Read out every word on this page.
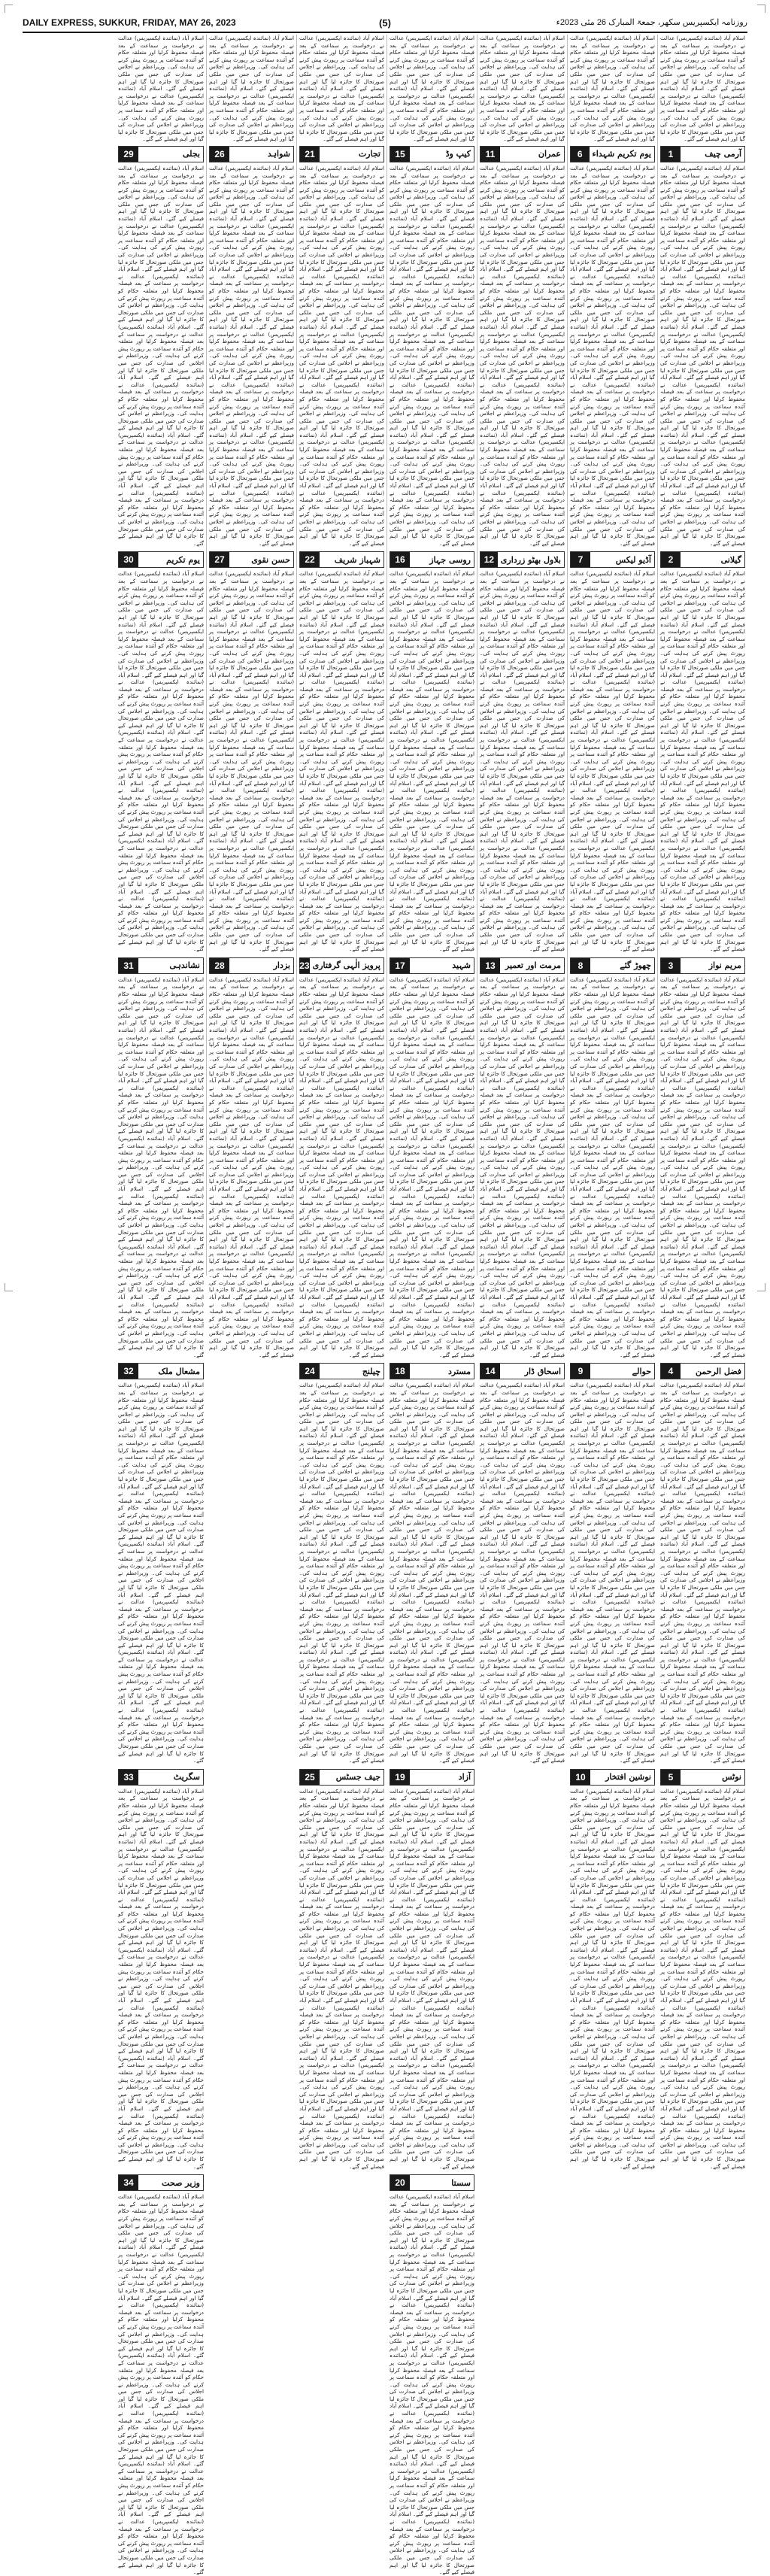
DAILY EXPRESS, SUKKUR, FRIDAY, MAY 26, 2023	(5)	روزنامہ ایکسپریس سکھر، جمعۃ المبارک 26 مئی 2023ء

اسلام آباد (نمائندہ ایکسپریس) عدالت نے درخواست پر سماعت کے بعد فیصلہ محفوظ کرلیا اور متعلقہ حکام کو آئندہ سماعت پر رپورٹ پیش کرنے کی ہدایت کی۔ وزیراعظم نے اجلاس کی صدارت کی جس میں ملکی صورتحال کا جائزہ لیا گیا اور اہم فیصلے کیے گئے۔ اسلام آباد (نمائندہ ایکسپریس) عدالت نے درخواست پر سماعت کے بعد فیصلہ محفوظ کرلیا اور متعلقہ حکام کو آئندہ سماعت پر رپورٹ پیش کرنے کی ہدایت کی۔ وزیراعظم نے اجلاس کی صدارت کی جس میں ملکی صورتحال کا جائزہ لیا گیا اور اہم فیصلے کیے گئے۔

آرمی چیف
1

اسلام آباد (نمائندہ ایکسپریس) عدالت نے درخواست پر سماعت کے بعد فیصلہ محفوظ کرلیا اور متعلقہ حکام کو آئندہ سماعت پر رپورٹ پیش کرنے کی ہدایت کی۔ وزیراعظم نے اجلاس کی صدارت کی جس میں ملکی صورتحال کا جائزہ لیا گیا اور اہم فیصلے کیے گئے۔ اسلام آباد (نمائندہ ایکسپریس) عدالت نے درخواست پر سماعت کے بعد فیصلہ محفوظ کرلیا اور متعلقہ حکام کو آئندہ سماعت پر رپورٹ پیش کرنے کی ہدایت کی۔ وزیراعظم نے اجلاس کی صدارت کی جس میں ملکی صورتحال کا جائزہ لیا گیا اور اہم فیصلے کیے گئے۔ اسلام آباد (نمائندہ ایکسپریس) عدالت نے درخواست پر سماعت کے بعد فیصلہ محفوظ کرلیا اور متعلقہ حکام کو آئندہ سماعت پر رپورٹ پیش کرنے کی ہدایت کی۔ وزیراعظم نے اجلاس کی صدارت کی جس میں ملکی صورتحال کا جائزہ لیا گیا اور اہم فیصلے کیے گئے۔ اسلام آباد (نمائندہ ایکسپریس) عدالت نے درخواست پر سماعت کے بعد فیصلہ محفوظ کرلیا اور متعلقہ حکام کو آئندہ سماعت پر رپورٹ پیش کرنے کی ہدایت کی۔ وزیراعظم نے اجلاس کی صدارت کی جس میں ملکی صورتحال کا جائزہ لیا گیا اور اہم فیصلے کیے گئے۔ اسلام آباد (نمائندہ ایکسپریس) عدالت نے درخواست پر سماعت کے بعد فیصلہ محفوظ کرلیا اور متعلقہ حکام کو آئندہ سماعت پر رپورٹ پیش کرنے کی ہدایت کی۔ وزیراعظم نے اجلاس کی صدارت کی جس میں ملکی صورتحال کا جائزہ لیا گیا اور اہم فیصلے کیے گئے۔ اسلام آباد (نمائندہ ایکسپریس) عدالت نے درخواست پر سماعت کے بعد فیصلہ محفوظ کرلیا اور متعلقہ حکام کو آئندہ سماعت پر رپورٹ پیش کرنے کی ہدایت کی۔ وزیراعظم نے اجلاس کی صدارت کی جس میں ملکی صورتحال کا جائزہ لیا گیا اور اہم فیصلے کیے گئے۔ اسلام آباد (نمائندہ ایکسپریس) عدالت نے درخواست پر سماعت کے بعد فیصلہ محفوظ کرلیا اور متعلقہ حکام کو آئندہ سماعت پر رپورٹ پیش کرنے کی ہدایت کی۔ وزیراعظم نے اجلاس کی صدارت کی جس میں ملکی صورتحال کا جائزہ لیا گیا اور اہم فیصلے کیے گئے۔

گیلانی
2

اسلام آباد (نمائندہ ایکسپریس) عدالت نے درخواست پر سماعت کے بعد فیصلہ محفوظ کرلیا اور متعلقہ حکام کو آئندہ سماعت پر رپورٹ پیش کرنے کی ہدایت کی۔ وزیراعظم نے اجلاس کی صدارت کی جس میں ملکی صورتحال کا جائزہ لیا گیا اور اہم فیصلے کیے گئے۔ اسلام آباد (نمائندہ ایکسپریس) عدالت نے درخواست پر سماعت کے بعد فیصلہ محفوظ کرلیا اور متعلقہ حکام کو آئندہ سماعت پر رپورٹ پیش کرنے کی ہدایت کی۔ وزیراعظم نے اجلاس کی صدارت کی جس میں ملکی صورتحال کا جائزہ لیا گیا اور اہم فیصلے کیے گئے۔ اسلام آباد (نمائندہ ایکسپریس) عدالت نے درخواست پر سماعت کے بعد فیصلہ محفوظ کرلیا اور متعلقہ حکام کو آئندہ سماعت پر رپورٹ پیش کرنے کی ہدایت کی۔ وزیراعظم نے اجلاس کی صدارت کی جس میں ملکی صورتحال کا جائزہ لیا گیا اور اہم فیصلے کیے گئے۔ اسلام آباد (نمائندہ ایکسپریس) عدالت نے درخواست پر سماعت کے بعد فیصلہ محفوظ کرلیا اور متعلقہ حکام کو آئندہ سماعت پر رپورٹ پیش کرنے کی ہدایت کی۔ وزیراعظم نے اجلاس کی صدارت کی جس میں ملکی صورتحال کا جائزہ لیا گیا اور اہم فیصلے کیے گئے۔ اسلام آباد (نمائندہ ایکسپریس) عدالت نے درخواست پر سماعت کے بعد فیصلہ محفوظ کرلیا اور متعلقہ حکام کو آئندہ سماعت پر رپورٹ پیش کرنے کی ہدایت کی۔ وزیراعظم نے اجلاس کی صدارت کی جس میں ملکی صورتحال کا جائزہ لیا گیا اور اہم فیصلے کیے گئے۔ اسلام آباد (نمائندہ ایکسپریس) عدالت نے درخواست پر سماعت کے بعد فیصلہ محفوظ کرلیا اور متعلقہ حکام کو آئندہ سماعت پر رپورٹ پیش کرنے کی ہدایت کی۔ وزیراعظم نے اجلاس کی صدارت کی جس میں ملکی صورتحال کا جائزہ لیا گیا اور اہم فیصلے کیے گئے۔ اسلام آباد (نمائندہ ایکسپریس) عدالت نے درخواست پر سماعت کے بعد فیصلہ محفوظ کرلیا اور متعلقہ حکام کو آئندہ سماعت پر رپورٹ پیش کرنے کی ہدایت کی۔ وزیراعظم نے اجلاس کی صدارت کی جس میں ملکی صورتحال کا جائزہ لیا گیا اور اہم فیصلے کیے گئے۔

مریم نواز
3

اسلام آباد (نمائندہ ایکسپریس) عدالت نے درخواست پر سماعت کے بعد فیصلہ محفوظ کرلیا اور متعلقہ حکام کو آئندہ سماعت پر رپورٹ پیش کرنے کی ہدایت کی۔ وزیراعظم نے اجلاس کی صدارت کی جس میں ملکی صورتحال کا جائزہ لیا گیا اور اہم فیصلے کیے گئے۔ اسلام آباد (نمائندہ ایکسپریس) عدالت نے درخواست پر سماعت کے بعد فیصلہ محفوظ کرلیا اور متعلقہ حکام کو آئندہ سماعت پر رپورٹ پیش کرنے کی ہدایت کی۔ وزیراعظم نے اجلاس کی صدارت کی جس میں ملکی صورتحال کا جائزہ لیا گیا اور اہم فیصلے کیے گئے۔ اسلام آباد (نمائندہ ایکسپریس) عدالت نے درخواست پر سماعت کے بعد فیصلہ محفوظ کرلیا اور متعلقہ حکام کو آئندہ سماعت پر رپورٹ پیش کرنے کی ہدایت کی۔ وزیراعظم نے اجلاس کی صدارت کی جس میں ملکی صورتحال کا جائزہ لیا گیا اور اہم فیصلے کیے گئے۔ اسلام آباد (نمائندہ ایکسپریس) عدالت نے درخواست پر سماعت کے بعد فیصلہ محفوظ کرلیا اور متعلقہ حکام کو آئندہ سماعت پر رپورٹ پیش کرنے کی ہدایت کی۔ وزیراعظم نے اجلاس کی صدارت کی جس میں ملکی صورتحال کا جائزہ لیا گیا اور اہم فیصلے کیے گئے۔ اسلام آباد (نمائندہ ایکسپریس) عدالت نے درخواست پر سماعت کے بعد فیصلہ محفوظ کرلیا اور متعلقہ حکام کو آئندہ سماعت پر رپورٹ پیش کرنے کی ہدایت کی۔ وزیراعظم نے اجلاس کی صدارت کی جس میں ملکی صورتحال کا جائزہ لیا گیا اور اہم فیصلے کیے گئے۔ اسلام آباد (نمائندہ ایکسپریس) عدالت نے درخواست پر سماعت کے بعد فیصلہ محفوظ کرلیا اور متعلقہ حکام کو آئندہ سماعت پر رپورٹ پیش کرنے کی ہدایت کی۔ وزیراعظم نے اجلاس کی صدارت کی جس میں ملکی صورتحال کا جائزہ لیا گیا اور اہم فیصلے کیے گئے۔ اسلام آباد (نمائندہ ایکسپریس) عدالت نے درخواست پر سماعت کے بعد فیصلہ محفوظ کرلیا اور متعلقہ حکام کو آئندہ سماعت پر رپورٹ پیش کرنے کی ہدایت کی۔ وزیراعظم نے اجلاس کی صدارت کی جس میں ملکی صورتحال کا جائزہ لیا گیا اور اہم فیصلے کیے گئے۔

فضل الرحمن
4

اسلام آباد (نمائندہ ایکسپریس) عدالت نے درخواست پر سماعت کے بعد فیصلہ محفوظ کرلیا اور متعلقہ حکام کو آئندہ سماعت پر رپورٹ پیش کرنے کی ہدایت کی۔ وزیراعظم نے اجلاس کی صدارت کی جس میں ملکی صورتحال کا جائزہ لیا گیا اور اہم فیصلے کیے گئے۔ اسلام آباد (نمائندہ ایکسپریس) عدالت نے درخواست پر سماعت کے بعد فیصلہ محفوظ کرلیا اور متعلقہ حکام کو آئندہ سماعت پر رپورٹ پیش کرنے کی ہدایت کی۔ وزیراعظم نے اجلاس کی صدارت کی جس میں ملکی صورتحال کا جائزہ لیا گیا اور اہم فیصلے کیے گئے۔ اسلام آباد (نمائندہ ایکسپریس) عدالت نے درخواست پر سماعت کے بعد فیصلہ محفوظ کرلیا اور متعلقہ حکام کو آئندہ سماعت پر رپورٹ پیش کرنے کی ہدایت کی۔ وزیراعظم نے اجلاس کی صدارت کی جس میں ملکی صورتحال کا جائزہ لیا گیا اور اہم فیصلے کیے گئے۔ اسلام آباد (نمائندہ ایکسپریس) عدالت نے درخواست پر سماعت کے بعد فیصلہ محفوظ کرلیا اور متعلقہ حکام کو آئندہ سماعت پر رپورٹ پیش کرنے کی ہدایت کی۔ وزیراعظم نے اجلاس کی صدارت کی جس میں ملکی صورتحال کا جائزہ لیا گیا اور اہم فیصلے کیے گئے۔ اسلام آباد (نمائندہ ایکسپریس) عدالت نے درخواست پر سماعت کے بعد فیصلہ محفوظ کرلیا اور متعلقہ حکام کو آئندہ سماعت پر رپورٹ پیش کرنے کی ہدایت کی۔ وزیراعظم نے اجلاس کی صدارت کی جس میں ملکی صورتحال کا جائزہ لیا گیا اور اہم فیصلے کیے گئے۔ اسلام آباد (نمائندہ ایکسپریس) عدالت نے درخواست پر سماعت کے بعد فیصلہ محفوظ کرلیا اور متعلقہ حکام کو آئندہ سماعت پر رپورٹ پیش کرنے کی ہدایت کی۔ وزیراعظم نے اجلاس کی صدارت کی جس میں ملکی صورتحال کا جائزہ لیا گیا اور اہم فیصلے کیے گئے۔ اسلام آباد (نمائندہ ایکسپریس) عدالت نے درخواست پر سماعت کے بعد فیصلہ محفوظ کرلیا اور متعلقہ حکام کو آئندہ سماعت پر رپورٹ پیش کرنے کی ہدایت کی۔ وزیراعظم نے اجلاس کی صدارت کی جس میں ملکی صورتحال کا جائزہ لیا گیا اور اہم فیصلے کیے گئے۔

نوٹس
5

اسلام آباد (نمائندہ ایکسپریس) عدالت نے درخواست پر سماعت کے بعد فیصلہ محفوظ کرلیا اور متعلقہ حکام کو آئندہ سماعت پر رپورٹ پیش کرنے کی ہدایت کی۔ وزیراعظم نے اجلاس کی صدارت کی جس میں ملکی صورتحال کا جائزہ لیا گیا اور اہم فیصلے کیے گئے۔ اسلام آباد (نمائندہ ایکسپریس) عدالت نے درخواست پر سماعت کے بعد فیصلہ محفوظ کرلیا اور متعلقہ حکام کو آئندہ سماعت پر رپورٹ پیش کرنے کی ہدایت کی۔ وزیراعظم نے اجلاس کی صدارت کی جس میں ملکی صورتحال کا جائزہ لیا گیا اور اہم فیصلے کیے گئے۔ اسلام آباد (نمائندہ ایکسپریس) عدالت نے درخواست پر سماعت کے بعد فیصلہ محفوظ کرلیا اور متعلقہ حکام کو آئندہ سماعت پر رپورٹ پیش کرنے کی ہدایت کی۔ وزیراعظم نے اجلاس کی صدارت کی جس میں ملکی صورتحال کا جائزہ لیا گیا اور اہم فیصلے کیے گئے۔ اسلام آباد (نمائندہ ایکسپریس) عدالت نے درخواست پر سماعت کے بعد فیصلہ محفوظ کرلیا اور متعلقہ حکام کو آئندہ سماعت پر رپورٹ پیش کرنے کی ہدایت کی۔ وزیراعظم نے اجلاس کی صدارت کی جس میں ملکی صورتحال کا جائزہ لیا گیا اور اہم فیصلے کیے گئے۔ اسلام آباد (نمائندہ ایکسپریس) عدالت نے درخواست پر سماعت کے بعد فیصلہ محفوظ کرلیا اور متعلقہ حکام کو آئندہ سماعت پر رپورٹ پیش کرنے کی ہدایت کی۔ وزیراعظم نے اجلاس کی صدارت کی جس میں ملکی صورتحال کا جائزہ لیا گیا اور اہم فیصلے کیے گئے۔ اسلام آباد (نمائندہ ایکسپریس) عدالت نے درخواست پر سماعت کے بعد فیصلہ محفوظ کرلیا اور متعلقہ حکام کو آئندہ سماعت پر رپورٹ پیش کرنے کی ہدایت کی۔ وزیراعظم نے اجلاس کی صدارت کی جس میں ملکی صورتحال کا جائزہ لیا گیا اور اہم فیصلے کیے گئے۔ اسلام آباد (نمائندہ ایکسپریس) عدالت نے درخواست پر سماعت کے بعد فیصلہ محفوظ کرلیا اور متعلقہ حکام کو آئندہ سماعت پر رپورٹ پیش کرنے کی ہدایت کی۔ وزیراعظم نے اجلاس کی صدارت کی جس میں ملکی صورتحال کا جائزہ لیا گیا اور اہم فیصلے کیے گئے۔

اسلام آباد (نمائندہ ایکسپریس) عدالت نے درخواست پر سماعت کے بعد فیصلہ محفوظ کرلیا اور متعلقہ حکام کو آئندہ سماعت پر رپورٹ پیش کرنے کی ہدایت کی۔ وزیراعظم نے اجلاس کی صدارت کی جس میں ملکی صورتحال کا جائزہ لیا گیا اور اہم فیصلے کیے گئے۔ اسلام آباد (نمائندہ ایکسپریس) عدالت نے درخواست پر سماعت کے بعد فیصلہ محفوظ کرلیا اور متعلقہ حکام کو آئندہ سماعت پر رپورٹ پیش کرنے کی ہدایت کی۔ وزیراعظم نے اجلاس کی صدارت کی جس میں ملکی صورتحال کا جائزہ لیا گیا اور اہم فیصلے کیے گئے۔

یوم تکریم شہداء
6

اسلام آباد (نمائندہ ایکسپریس) عدالت نے درخواست پر سماعت کے بعد فیصلہ محفوظ کرلیا اور متعلقہ حکام کو آئندہ سماعت پر رپورٹ پیش کرنے کی ہدایت کی۔ وزیراعظم نے اجلاس کی صدارت کی جس میں ملکی صورتحال کا جائزہ لیا گیا اور اہم فیصلے کیے گئے۔ اسلام آباد (نمائندہ ایکسپریس) عدالت نے درخواست پر سماعت کے بعد فیصلہ محفوظ کرلیا اور متعلقہ حکام کو آئندہ سماعت پر رپورٹ پیش کرنے کی ہدایت کی۔ وزیراعظم نے اجلاس کی صدارت کی جس میں ملکی صورتحال کا جائزہ لیا گیا اور اہم فیصلے کیے گئے۔ اسلام آباد (نمائندہ ایکسپریس) عدالت نے درخواست پر سماعت کے بعد فیصلہ محفوظ کرلیا اور متعلقہ حکام کو آئندہ سماعت پر رپورٹ پیش کرنے کی ہدایت کی۔ وزیراعظم نے اجلاس کی صدارت کی جس میں ملکی صورتحال کا جائزہ لیا گیا اور اہم فیصلے کیے گئے۔ اسلام آباد (نمائندہ ایکسپریس) عدالت نے درخواست پر سماعت کے بعد فیصلہ محفوظ کرلیا اور متعلقہ حکام کو آئندہ سماعت پر رپورٹ پیش کرنے کی ہدایت کی۔ وزیراعظم نے اجلاس کی صدارت کی جس میں ملکی صورتحال کا جائزہ لیا گیا اور اہم فیصلے کیے گئے۔ اسلام آباد (نمائندہ ایکسپریس) عدالت نے درخواست پر سماعت کے بعد فیصلہ محفوظ کرلیا اور متعلقہ حکام کو آئندہ سماعت پر رپورٹ پیش کرنے کی ہدایت کی۔ وزیراعظم نے اجلاس کی صدارت کی جس میں ملکی صورتحال کا جائزہ لیا گیا اور اہم فیصلے کیے گئے۔ اسلام آباد (نمائندہ ایکسپریس) عدالت نے درخواست پر سماعت کے بعد فیصلہ محفوظ کرلیا اور متعلقہ حکام کو آئندہ سماعت پر رپورٹ پیش کرنے کی ہدایت کی۔ وزیراعظم نے اجلاس کی صدارت کی جس میں ملکی صورتحال کا جائزہ لیا گیا اور اہم فیصلے کیے گئے۔ اسلام آباد (نمائندہ ایکسپریس) عدالت نے درخواست پر سماعت کے بعد فیصلہ محفوظ کرلیا اور متعلقہ حکام کو آئندہ سماعت پر رپورٹ پیش کرنے کی ہدایت کی۔ وزیراعظم نے اجلاس کی صدارت کی جس میں ملکی صورتحال کا جائزہ لیا گیا اور اہم فیصلے کیے گئے۔

آڈیو لیکس
7

اسلام آباد (نمائندہ ایکسپریس) عدالت نے درخواست پر سماعت کے بعد فیصلہ محفوظ کرلیا اور متعلقہ حکام کو آئندہ سماعت پر رپورٹ پیش کرنے کی ہدایت کی۔ وزیراعظم نے اجلاس کی صدارت کی جس میں ملکی صورتحال کا جائزہ لیا گیا اور اہم فیصلے کیے گئے۔ اسلام آباد (نمائندہ ایکسپریس) عدالت نے درخواست پر سماعت کے بعد فیصلہ محفوظ کرلیا اور متعلقہ حکام کو آئندہ سماعت پر رپورٹ پیش کرنے کی ہدایت کی۔ وزیراعظم نے اجلاس کی صدارت کی جس میں ملکی صورتحال کا جائزہ لیا گیا اور اہم فیصلے کیے گئے۔ اسلام آباد (نمائندہ ایکسپریس) عدالت نے درخواست پر سماعت کے بعد فیصلہ محفوظ کرلیا اور متعلقہ حکام کو آئندہ سماعت پر رپورٹ پیش کرنے کی ہدایت کی۔ وزیراعظم نے اجلاس کی صدارت کی جس میں ملکی صورتحال کا جائزہ لیا گیا اور اہم فیصلے کیے گئے۔ اسلام آباد (نمائندہ ایکسپریس) عدالت نے درخواست پر سماعت کے بعد فیصلہ محفوظ کرلیا اور متعلقہ حکام کو آئندہ سماعت پر رپورٹ پیش کرنے کی ہدایت کی۔ وزیراعظم نے اجلاس کی صدارت کی جس میں ملکی صورتحال کا جائزہ لیا گیا اور اہم فیصلے کیے گئے۔ اسلام آباد (نمائندہ ایکسپریس) عدالت نے درخواست پر سماعت کے بعد فیصلہ محفوظ کرلیا اور متعلقہ حکام کو آئندہ سماعت پر رپورٹ پیش کرنے کی ہدایت کی۔ وزیراعظم نے اجلاس کی صدارت کی جس میں ملکی صورتحال کا جائزہ لیا گیا اور اہم فیصلے کیے گئے۔ اسلام آباد (نمائندہ ایکسپریس) عدالت نے درخواست پر سماعت کے بعد فیصلہ محفوظ کرلیا اور متعلقہ حکام کو آئندہ سماعت پر رپورٹ پیش کرنے کی ہدایت کی۔ وزیراعظم نے اجلاس کی صدارت کی جس میں ملکی صورتحال کا جائزہ لیا گیا اور اہم فیصلے کیے گئے۔ اسلام آباد (نمائندہ ایکسپریس) عدالت نے درخواست پر سماعت کے بعد فیصلہ محفوظ کرلیا اور متعلقہ حکام کو آئندہ سماعت پر رپورٹ پیش کرنے کی ہدایت کی۔ وزیراعظم نے اجلاس کی صدارت کی جس میں ملکی صورتحال کا جائزہ لیا گیا اور اہم فیصلے کیے گئے۔

چھوڑ گئے
8

اسلام آباد (نمائندہ ایکسپریس) عدالت نے درخواست پر سماعت کے بعد فیصلہ محفوظ کرلیا اور متعلقہ حکام کو آئندہ سماعت پر رپورٹ پیش کرنے کی ہدایت کی۔ وزیراعظم نے اجلاس کی صدارت کی جس میں ملکی صورتحال کا جائزہ لیا گیا اور اہم فیصلے کیے گئے۔ اسلام آباد (نمائندہ ایکسپریس) عدالت نے درخواست پر سماعت کے بعد فیصلہ محفوظ کرلیا اور متعلقہ حکام کو آئندہ سماعت پر رپورٹ پیش کرنے کی ہدایت کی۔ وزیراعظم نے اجلاس کی صدارت کی جس میں ملکی صورتحال کا جائزہ لیا گیا اور اہم فیصلے کیے گئے۔ اسلام آباد (نمائندہ ایکسپریس) عدالت نے درخواست پر سماعت کے بعد فیصلہ محفوظ کرلیا اور متعلقہ حکام کو آئندہ سماعت پر رپورٹ پیش کرنے کی ہدایت کی۔ وزیراعظم نے اجلاس کی صدارت کی جس میں ملکی صورتحال کا جائزہ لیا گیا اور اہم فیصلے کیے گئے۔ اسلام آباد (نمائندہ ایکسپریس) عدالت نے درخواست پر سماعت کے بعد فیصلہ محفوظ کرلیا اور متعلقہ حکام کو آئندہ سماعت پر رپورٹ پیش کرنے کی ہدایت کی۔ وزیراعظم نے اجلاس کی صدارت کی جس میں ملکی صورتحال کا جائزہ لیا گیا اور اہم فیصلے کیے گئے۔ اسلام آباد (نمائندہ ایکسپریس) عدالت نے درخواست پر سماعت کے بعد فیصلہ محفوظ کرلیا اور متعلقہ حکام کو آئندہ سماعت پر رپورٹ پیش کرنے کی ہدایت کی۔ وزیراعظم نے اجلاس کی صدارت کی جس میں ملکی صورتحال کا جائزہ لیا گیا اور اہم فیصلے کیے گئے۔ اسلام آباد (نمائندہ ایکسپریس) عدالت نے درخواست پر سماعت کے بعد فیصلہ محفوظ کرلیا اور متعلقہ حکام کو آئندہ سماعت پر رپورٹ پیش کرنے کی ہدایت کی۔ وزیراعظم نے اجلاس کی صدارت کی جس میں ملکی صورتحال کا جائزہ لیا گیا اور اہم فیصلے کیے گئے۔ اسلام آباد (نمائندہ ایکسپریس) عدالت نے درخواست پر سماعت کے بعد فیصلہ محفوظ کرلیا اور متعلقہ حکام کو آئندہ سماعت پر رپورٹ پیش کرنے کی ہدایت کی۔ وزیراعظم نے اجلاس کی صدارت کی جس میں ملکی صورتحال کا جائزہ لیا گیا اور اہم فیصلے کیے گئے۔

حوالے
9

اسلام آباد (نمائندہ ایکسپریس) عدالت نے درخواست پر سماعت کے بعد فیصلہ محفوظ کرلیا اور متعلقہ حکام کو آئندہ سماعت پر رپورٹ پیش کرنے کی ہدایت کی۔ وزیراعظم نے اجلاس کی صدارت کی جس میں ملکی صورتحال کا جائزہ لیا گیا اور اہم فیصلے کیے گئے۔ اسلام آباد (نمائندہ ایکسپریس) عدالت نے درخواست پر سماعت کے بعد فیصلہ محفوظ کرلیا اور متعلقہ حکام کو آئندہ سماعت پر رپورٹ پیش کرنے کی ہدایت کی۔ وزیراعظم نے اجلاس کی صدارت کی جس میں ملکی صورتحال کا جائزہ لیا گیا اور اہم فیصلے کیے گئے۔ اسلام آباد (نمائندہ ایکسپریس) عدالت نے درخواست پر سماعت کے بعد فیصلہ محفوظ کرلیا اور متعلقہ حکام کو آئندہ سماعت پر رپورٹ پیش کرنے کی ہدایت کی۔ وزیراعظم نے اجلاس کی صدارت کی جس میں ملکی صورتحال کا جائزہ لیا گیا اور اہم فیصلے کیے گئے۔ اسلام آباد (نمائندہ ایکسپریس) عدالت نے درخواست پر سماعت کے بعد فیصلہ محفوظ کرلیا اور متعلقہ حکام کو آئندہ سماعت پر رپورٹ پیش کرنے کی ہدایت کی۔ وزیراعظم نے اجلاس کی صدارت کی جس میں ملکی صورتحال کا جائزہ لیا گیا اور اہم فیصلے کیے گئے۔ اسلام آباد (نمائندہ ایکسپریس) عدالت نے درخواست پر سماعت کے بعد فیصلہ محفوظ کرلیا اور متعلقہ حکام کو آئندہ سماعت پر رپورٹ پیش کرنے کی ہدایت کی۔ وزیراعظم نے اجلاس کی صدارت کی جس میں ملکی صورتحال کا جائزہ لیا گیا اور اہم فیصلے کیے گئے۔ اسلام آباد (نمائندہ ایکسپریس) عدالت نے درخواست پر سماعت کے بعد فیصلہ محفوظ کرلیا اور متعلقہ حکام کو آئندہ سماعت پر رپورٹ پیش کرنے کی ہدایت کی۔ وزیراعظم نے اجلاس کی صدارت کی جس میں ملکی صورتحال کا جائزہ لیا گیا اور اہم فیصلے کیے گئے۔ اسلام آباد (نمائندہ ایکسپریس) عدالت نے درخواست پر سماعت کے بعد فیصلہ محفوظ کرلیا اور متعلقہ حکام کو آئندہ سماعت پر رپورٹ پیش کرنے کی ہدایت کی۔ وزیراعظم نے اجلاس کی صدارت کی جس میں ملکی صورتحال کا جائزہ لیا گیا اور اہم فیصلے کیے گئے۔

نوشین افتخار
10

اسلام آباد (نمائندہ ایکسپریس) عدالت نے درخواست پر سماعت کے بعد فیصلہ محفوظ کرلیا اور متعلقہ حکام کو آئندہ سماعت پر رپورٹ پیش کرنے کی ہدایت کی۔ وزیراعظم نے اجلاس کی صدارت کی جس میں ملکی صورتحال کا جائزہ لیا گیا اور اہم فیصلے کیے گئے۔ اسلام آباد (نمائندہ ایکسپریس) عدالت نے درخواست پر سماعت کے بعد فیصلہ محفوظ کرلیا اور متعلقہ حکام کو آئندہ سماعت پر رپورٹ پیش کرنے کی ہدایت کی۔ وزیراعظم نے اجلاس کی صدارت کی جس میں ملکی صورتحال کا جائزہ لیا گیا اور اہم فیصلے کیے گئے۔ اسلام آباد (نمائندہ ایکسپریس) عدالت نے درخواست پر سماعت کے بعد فیصلہ محفوظ کرلیا اور متعلقہ حکام کو آئندہ سماعت پر رپورٹ پیش کرنے کی ہدایت کی۔ وزیراعظم نے اجلاس کی صدارت کی جس میں ملکی صورتحال کا جائزہ لیا گیا اور اہم فیصلے کیے گئے۔ اسلام آباد (نمائندہ ایکسپریس) عدالت نے درخواست پر سماعت کے بعد فیصلہ محفوظ کرلیا اور متعلقہ حکام کو آئندہ سماعت پر رپورٹ پیش کرنے کی ہدایت کی۔ وزیراعظم نے اجلاس کی صدارت کی جس میں ملکی صورتحال کا جائزہ لیا گیا اور اہم فیصلے کیے گئے۔ اسلام آباد (نمائندہ ایکسپریس) عدالت نے درخواست پر سماعت کے بعد فیصلہ محفوظ کرلیا اور متعلقہ حکام کو آئندہ سماعت پر رپورٹ پیش کرنے کی ہدایت کی۔ وزیراعظم نے اجلاس کی صدارت کی جس میں ملکی صورتحال کا جائزہ لیا گیا اور اہم فیصلے کیے گئے۔ اسلام آباد (نمائندہ ایکسپریس) عدالت نے درخواست پر سماعت کے بعد فیصلہ محفوظ کرلیا اور متعلقہ حکام کو آئندہ سماعت پر رپورٹ پیش کرنے کی ہدایت کی۔ وزیراعظم نے اجلاس کی صدارت کی جس میں ملکی صورتحال کا جائزہ لیا گیا اور اہم فیصلے کیے گئے۔ اسلام آباد (نمائندہ ایکسپریس) عدالت نے درخواست پر سماعت کے بعد فیصلہ محفوظ کرلیا اور متعلقہ حکام کو آئندہ سماعت پر رپورٹ پیش کرنے کی ہدایت کی۔ وزیراعظم نے اجلاس کی صدارت کی جس میں ملکی صورتحال کا جائزہ لیا گیا اور اہم فیصلے کیے گئے۔

اسلام آباد (نمائندہ ایکسپریس) عدالت نے درخواست پر سماعت کے بعد فیصلہ محفوظ کرلیا اور متعلقہ حکام کو آئندہ سماعت پر رپورٹ پیش کرنے کی ہدایت کی۔ وزیراعظم نے اجلاس کی صدارت کی جس میں ملکی صورتحال کا جائزہ لیا گیا اور اہم فیصلے کیے گئے۔ اسلام آباد (نمائندہ ایکسپریس) عدالت نے درخواست پر سماعت کے بعد فیصلہ محفوظ کرلیا اور متعلقہ حکام کو آئندہ سماعت پر رپورٹ پیش کرنے کی ہدایت کی۔ وزیراعظم نے اجلاس کی صدارت کی جس میں ملکی صورتحال کا جائزہ لیا گیا اور اہم فیصلے کیے گئے۔

عمران
11

اسلام آباد (نمائندہ ایکسپریس) عدالت نے درخواست پر سماعت کے بعد فیصلہ محفوظ کرلیا اور متعلقہ حکام کو آئندہ سماعت پر رپورٹ پیش کرنے کی ہدایت کی۔ وزیراعظم نے اجلاس کی صدارت کی جس میں ملکی صورتحال کا جائزہ لیا گیا اور اہم فیصلے کیے گئے۔ اسلام آباد (نمائندہ ایکسپریس) عدالت نے درخواست پر سماعت کے بعد فیصلہ محفوظ کرلیا اور متعلقہ حکام کو آئندہ سماعت پر رپورٹ پیش کرنے کی ہدایت کی۔ وزیراعظم نے اجلاس کی صدارت کی جس میں ملکی صورتحال کا جائزہ لیا گیا اور اہم فیصلے کیے گئے۔ اسلام آباد (نمائندہ ایکسپریس) عدالت نے درخواست پر سماعت کے بعد فیصلہ محفوظ کرلیا اور متعلقہ حکام کو آئندہ سماعت پر رپورٹ پیش کرنے کی ہدایت کی۔ وزیراعظم نے اجلاس کی صدارت کی جس میں ملکی صورتحال کا جائزہ لیا گیا اور اہم فیصلے کیے گئے۔ اسلام آباد (نمائندہ ایکسپریس) عدالت نے درخواست پر سماعت کے بعد فیصلہ محفوظ کرلیا اور متعلقہ حکام کو آئندہ سماعت پر رپورٹ پیش کرنے کی ہدایت کی۔ وزیراعظم نے اجلاس کی صدارت کی جس میں ملکی صورتحال کا جائزہ لیا گیا اور اہم فیصلے کیے گئے۔ اسلام آباد (نمائندہ ایکسپریس) عدالت نے درخواست پر سماعت کے بعد فیصلہ محفوظ کرلیا اور متعلقہ حکام کو آئندہ سماعت پر رپورٹ پیش کرنے کی ہدایت کی۔ وزیراعظم نے اجلاس کی صدارت کی جس میں ملکی صورتحال کا جائزہ لیا گیا اور اہم فیصلے کیے گئے۔ اسلام آباد (نمائندہ ایکسپریس) عدالت نے درخواست پر سماعت کے بعد فیصلہ محفوظ کرلیا اور متعلقہ حکام کو آئندہ سماعت پر رپورٹ پیش کرنے کی ہدایت کی۔ وزیراعظم نے اجلاس کی صدارت کی جس میں ملکی صورتحال کا جائزہ لیا گیا اور اہم فیصلے کیے گئے۔ اسلام آباد (نمائندہ ایکسپریس) عدالت نے درخواست پر سماعت کے بعد فیصلہ محفوظ کرلیا اور متعلقہ حکام کو آئندہ سماعت پر رپورٹ پیش کرنے کی ہدایت کی۔ وزیراعظم نے اجلاس کی صدارت کی جس میں ملکی صورتحال کا جائزہ لیا گیا اور اہم فیصلے کیے گئے۔

بلاول بھٹو زرداری
12

اسلام آباد (نمائندہ ایکسپریس) عدالت نے درخواست پر سماعت کے بعد فیصلہ محفوظ کرلیا اور متعلقہ حکام کو آئندہ سماعت پر رپورٹ پیش کرنے کی ہدایت کی۔ وزیراعظم نے اجلاس کی صدارت کی جس میں ملکی صورتحال کا جائزہ لیا گیا اور اہم فیصلے کیے گئے۔ اسلام آباد (نمائندہ ایکسپریس) عدالت نے درخواست پر سماعت کے بعد فیصلہ محفوظ کرلیا اور متعلقہ حکام کو آئندہ سماعت پر رپورٹ پیش کرنے کی ہدایت کی۔ وزیراعظم نے اجلاس کی صدارت کی جس میں ملکی صورتحال کا جائزہ لیا گیا اور اہم فیصلے کیے گئے۔ اسلام آباد (نمائندہ ایکسپریس) عدالت نے درخواست پر سماعت کے بعد فیصلہ محفوظ کرلیا اور متعلقہ حکام کو آئندہ سماعت پر رپورٹ پیش کرنے کی ہدایت کی۔ وزیراعظم نے اجلاس کی صدارت کی جس میں ملکی صورتحال کا جائزہ لیا گیا اور اہم فیصلے کیے گئے۔ اسلام آباد (نمائندہ ایکسپریس) عدالت نے درخواست پر سماعت کے بعد فیصلہ محفوظ کرلیا اور متعلقہ حکام کو آئندہ سماعت پر رپورٹ پیش کرنے کی ہدایت کی۔ وزیراعظم نے اجلاس کی صدارت کی جس میں ملکی صورتحال کا جائزہ لیا گیا اور اہم فیصلے کیے گئے۔ اسلام آباد (نمائندہ ایکسپریس) عدالت نے درخواست پر سماعت کے بعد فیصلہ محفوظ کرلیا اور متعلقہ حکام کو آئندہ سماعت پر رپورٹ پیش کرنے کی ہدایت کی۔ وزیراعظم نے اجلاس کی صدارت کی جس میں ملکی صورتحال کا جائزہ لیا گیا اور اہم فیصلے کیے گئے۔ اسلام آباد (نمائندہ ایکسپریس) عدالت نے درخواست پر سماعت کے بعد فیصلہ محفوظ کرلیا اور متعلقہ حکام کو آئندہ سماعت پر رپورٹ پیش کرنے کی ہدایت کی۔ وزیراعظم نے اجلاس کی صدارت کی جس میں ملکی صورتحال کا جائزہ لیا گیا اور اہم فیصلے کیے گئے۔ اسلام آباد (نمائندہ ایکسپریس) عدالت نے درخواست پر سماعت کے بعد فیصلہ محفوظ کرلیا اور متعلقہ حکام کو آئندہ سماعت پر رپورٹ پیش کرنے کی ہدایت کی۔ وزیراعظم نے اجلاس کی صدارت کی جس میں ملکی صورتحال کا جائزہ لیا گیا اور اہم فیصلے کیے گئے۔

مرمت اور تعمیر
13

اسلام آباد (نمائندہ ایکسپریس) عدالت نے درخواست پر سماعت کے بعد فیصلہ محفوظ کرلیا اور متعلقہ حکام کو آئندہ سماعت پر رپورٹ پیش کرنے کی ہدایت کی۔ وزیراعظم نے اجلاس کی صدارت کی جس میں ملکی صورتحال کا جائزہ لیا گیا اور اہم فیصلے کیے گئے۔ اسلام آباد (نمائندہ ایکسپریس) عدالت نے درخواست پر سماعت کے بعد فیصلہ محفوظ کرلیا اور متعلقہ حکام کو آئندہ سماعت پر رپورٹ پیش کرنے کی ہدایت کی۔ وزیراعظم نے اجلاس کی صدارت کی جس میں ملکی صورتحال کا جائزہ لیا گیا اور اہم فیصلے کیے گئے۔ اسلام آباد (نمائندہ ایکسپریس) عدالت نے درخواست پر سماعت کے بعد فیصلہ محفوظ کرلیا اور متعلقہ حکام کو آئندہ سماعت پر رپورٹ پیش کرنے کی ہدایت کی۔ وزیراعظم نے اجلاس کی صدارت کی جس میں ملکی صورتحال کا جائزہ لیا گیا اور اہم فیصلے کیے گئے۔ اسلام آباد (نمائندہ ایکسپریس) عدالت نے درخواست پر سماعت کے بعد فیصلہ محفوظ کرلیا اور متعلقہ حکام کو آئندہ سماعت پر رپورٹ پیش کرنے کی ہدایت کی۔ وزیراعظم نے اجلاس کی صدارت کی جس میں ملکی صورتحال کا جائزہ لیا گیا اور اہم فیصلے کیے گئے۔ اسلام آباد (نمائندہ ایکسپریس) عدالت نے درخواست پر سماعت کے بعد فیصلہ محفوظ کرلیا اور متعلقہ حکام کو آئندہ سماعت پر رپورٹ پیش کرنے کی ہدایت کی۔ وزیراعظم نے اجلاس کی صدارت کی جس میں ملکی صورتحال کا جائزہ لیا گیا اور اہم فیصلے کیے گئے۔ اسلام آباد (نمائندہ ایکسپریس) عدالت نے درخواست پر سماعت کے بعد فیصلہ محفوظ کرلیا اور متعلقہ حکام کو آئندہ سماعت پر رپورٹ پیش کرنے کی ہدایت کی۔ وزیراعظم نے اجلاس کی صدارت کی جس میں ملکی صورتحال کا جائزہ لیا گیا اور اہم فیصلے کیے گئے۔ اسلام آباد (نمائندہ ایکسپریس) عدالت نے درخواست پر سماعت کے بعد فیصلہ محفوظ کرلیا اور متعلقہ حکام کو آئندہ سماعت پر رپورٹ پیش کرنے کی ہدایت کی۔ وزیراعظم نے اجلاس کی صدارت کی جس میں ملکی صورتحال کا جائزہ لیا گیا اور اہم فیصلے کیے گئے۔

اسحاق ڈار
14

اسلام آباد (نمائندہ ایکسپریس) عدالت نے درخواست پر سماعت کے بعد فیصلہ محفوظ کرلیا اور متعلقہ حکام کو آئندہ سماعت پر رپورٹ پیش کرنے کی ہدایت کی۔ وزیراعظم نے اجلاس کی صدارت کی جس میں ملکی صورتحال کا جائزہ لیا گیا اور اہم فیصلے کیے گئے۔ اسلام آباد (نمائندہ ایکسپریس) عدالت نے درخواست پر سماعت کے بعد فیصلہ محفوظ کرلیا اور متعلقہ حکام کو آئندہ سماعت پر رپورٹ پیش کرنے کی ہدایت کی۔ وزیراعظم نے اجلاس کی صدارت کی جس میں ملکی صورتحال کا جائزہ لیا گیا اور اہم فیصلے کیے گئے۔ اسلام آباد (نمائندہ ایکسپریس) عدالت نے درخواست پر سماعت کے بعد فیصلہ محفوظ کرلیا اور متعلقہ حکام کو آئندہ سماعت پر رپورٹ پیش کرنے کی ہدایت کی۔ وزیراعظم نے اجلاس کی صدارت کی جس میں ملکی صورتحال کا جائزہ لیا گیا اور اہم فیصلے کیے گئے۔ اسلام آباد (نمائندہ ایکسپریس) عدالت نے درخواست پر سماعت کے بعد فیصلہ محفوظ کرلیا اور متعلقہ حکام کو آئندہ سماعت پر رپورٹ پیش کرنے کی ہدایت کی۔ وزیراعظم نے اجلاس کی صدارت کی جس میں ملکی صورتحال کا جائزہ لیا گیا اور اہم فیصلے کیے گئے۔ اسلام آباد (نمائندہ ایکسپریس) عدالت نے درخواست پر سماعت کے بعد فیصلہ محفوظ کرلیا اور متعلقہ حکام کو آئندہ سماعت پر رپورٹ پیش کرنے کی ہدایت کی۔ وزیراعظم نے اجلاس کی صدارت کی جس میں ملکی صورتحال کا جائزہ لیا گیا اور اہم فیصلے کیے گئے۔ اسلام آباد (نمائندہ ایکسپریس) عدالت نے درخواست پر سماعت کے بعد فیصلہ محفوظ کرلیا اور متعلقہ حکام کو آئندہ سماعت پر رپورٹ پیش کرنے کی ہدایت کی۔ وزیراعظم نے اجلاس کی صدارت کی جس میں ملکی صورتحال کا جائزہ لیا گیا اور اہم فیصلے کیے گئے۔ اسلام آباد (نمائندہ ایکسپریس) عدالت نے درخواست پر سماعت کے بعد فیصلہ محفوظ کرلیا اور متعلقہ حکام کو آئندہ سماعت پر رپورٹ پیش کرنے کی ہدایت کی۔ وزیراعظم نے اجلاس کی صدارت کی جس میں ملکی صورتحال کا جائزہ لیا گیا اور اہم فیصلے کیے گئے۔

اسلام آباد (نمائندہ ایکسپریس) عدالت نے درخواست پر سماعت کے بعد فیصلہ محفوظ کرلیا اور متعلقہ حکام کو آئندہ سماعت پر رپورٹ پیش کرنے کی ہدایت کی۔ وزیراعظم نے اجلاس کی صدارت کی جس میں ملکی صورتحال کا جائزہ لیا گیا اور اہم فیصلے کیے گئے۔ اسلام آباد (نمائندہ ایکسپریس) عدالت نے درخواست پر سماعت کے بعد فیصلہ محفوظ کرلیا اور متعلقہ حکام کو آئندہ سماعت پر رپورٹ پیش کرنے کی ہدایت کی۔ وزیراعظم نے اجلاس کی صدارت کی جس میں ملکی صورتحال کا جائزہ لیا گیا اور اہم فیصلے کیے گئے۔

کیپ وڈ
15

اسلام آباد (نمائندہ ایکسپریس) عدالت نے درخواست پر سماعت کے بعد فیصلہ محفوظ کرلیا اور متعلقہ حکام کو آئندہ سماعت پر رپورٹ پیش کرنے کی ہدایت کی۔ وزیراعظم نے اجلاس کی صدارت کی جس میں ملکی صورتحال کا جائزہ لیا گیا اور اہم فیصلے کیے گئے۔ اسلام آباد (نمائندہ ایکسپریس) عدالت نے درخواست پر سماعت کے بعد فیصلہ محفوظ کرلیا اور متعلقہ حکام کو آئندہ سماعت پر رپورٹ پیش کرنے کی ہدایت کی۔ وزیراعظم نے اجلاس کی صدارت کی جس میں ملکی صورتحال کا جائزہ لیا گیا اور اہم فیصلے کیے گئے۔ اسلام آباد (نمائندہ ایکسپریس) عدالت نے درخواست پر سماعت کے بعد فیصلہ محفوظ کرلیا اور متعلقہ حکام کو آئندہ سماعت پر رپورٹ پیش کرنے کی ہدایت کی۔ وزیراعظم نے اجلاس کی صدارت کی جس میں ملکی صورتحال کا جائزہ لیا گیا اور اہم فیصلے کیے گئے۔ اسلام آباد (نمائندہ ایکسپریس) عدالت نے درخواست پر سماعت کے بعد فیصلہ محفوظ کرلیا اور متعلقہ حکام کو آئندہ سماعت پر رپورٹ پیش کرنے کی ہدایت کی۔ وزیراعظم نے اجلاس کی صدارت کی جس میں ملکی صورتحال کا جائزہ لیا گیا اور اہم فیصلے کیے گئے۔ اسلام آباد (نمائندہ ایکسپریس) عدالت نے درخواست پر سماعت کے بعد فیصلہ محفوظ کرلیا اور متعلقہ حکام کو آئندہ سماعت پر رپورٹ پیش کرنے کی ہدایت کی۔ وزیراعظم نے اجلاس کی صدارت کی جس میں ملکی صورتحال کا جائزہ لیا گیا اور اہم فیصلے کیے گئے۔ اسلام آباد (نمائندہ ایکسپریس) عدالت نے درخواست پر سماعت کے بعد فیصلہ محفوظ کرلیا اور متعلقہ حکام کو آئندہ سماعت پر رپورٹ پیش کرنے کی ہدایت کی۔ وزیراعظم نے اجلاس کی صدارت کی جس میں ملکی صورتحال کا جائزہ لیا گیا اور اہم فیصلے کیے گئے۔ اسلام آباد (نمائندہ ایکسپریس) عدالت نے درخواست پر سماعت کے بعد فیصلہ محفوظ کرلیا اور متعلقہ حکام کو آئندہ سماعت پر رپورٹ پیش کرنے کی ہدایت کی۔ وزیراعظم نے اجلاس کی صدارت کی جس میں ملکی صورتحال کا جائزہ لیا گیا اور اہم فیصلے کیے گئے۔

روسی جہاز
16

اسلام آباد (نمائندہ ایکسپریس) عدالت نے درخواست پر سماعت کے بعد فیصلہ محفوظ کرلیا اور متعلقہ حکام کو آئندہ سماعت پر رپورٹ پیش کرنے کی ہدایت کی۔ وزیراعظم نے اجلاس کی صدارت کی جس میں ملکی صورتحال کا جائزہ لیا گیا اور اہم فیصلے کیے گئے۔ اسلام آباد (نمائندہ ایکسپریس) عدالت نے درخواست پر سماعت کے بعد فیصلہ محفوظ کرلیا اور متعلقہ حکام کو آئندہ سماعت پر رپورٹ پیش کرنے کی ہدایت کی۔ وزیراعظم نے اجلاس کی صدارت کی جس میں ملکی صورتحال کا جائزہ لیا گیا اور اہم فیصلے کیے گئے۔ اسلام آباد (نمائندہ ایکسپریس) عدالت نے درخواست پر سماعت کے بعد فیصلہ محفوظ کرلیا اور متعلقہ حکام کو آئندہ سماعت پر رپورٹ پیش کرنے کی ہدایت کی۔ وزیراعظم نے اجلاس کی صدارت کی جس میں ملکی صورتحال کا جائزہ لیا گیا اور اہم فیصلے کیے گئے۔ اسلام آباد (نمائندہ ایکسپریس) عدالت نے درخواست پر سماعت کے بعد فیصلہ محفوظ کرلیا اور متعلقہ حکام کو آئندہ سماعت پر رپورٹ پیش کرنے کی ہدایت کی۔ وزیراعظم نے اجلاس کی صدارت کی جس میں ملکی صورتحال کا جائزہ لیا گیا اور اہم فیصلے کیے گئے۔ اسلام آباد (نمائندہ ایکسپریس) عدالت نے درخواست پر سماعت کے بعد فیصلہ محفوظ کرلیا اور متعلقہ حکام کو آئندہ سماعت پر رپورٹ پیش کرنے کی ہدایت کی۔ وزیراعظم نے اجلاس کی صدارت کی جس میں ملکی صورتحال کا جائزہ لیا گیا اور اہم فیصلے کیے گئے۔ اسلام آباد (نمائندہ ایکسپریس) عدالت نے درخواست پر سماعت کے بعد فیصلہ محفوظ کرلیا اور متعلقہ حکام کو آئندہ سماعت پر رپورٹ پیش کرنے کی ہدایت کی۔ وزیراعظم نے اجلاس کی صدارت کی جس میں ملکی صورتحال کا جائزہ لیا گیا اور اہم فیصلے کیے گئے۔ اسلام آباد (نمائندہ ایکسپریس) عدالت نے درخواست پر سماعت کے بعد فیصلہ محفوظ کرلیا اور متعلقہ حکام کو آئندہ سماعت پر رپورٹ پیش کرنے کی ہدایت کی۔ وزیراعظم نے اجلاس کی صدارت کی جس میں ملکی صورتحال کا جائزہ لیا گیا اور اہم فیصلے کیے گئے۔

شہید
17

اسلام آباد (نمائندہ ایکسپریس) عدالت نے درخواست پر سماعت کے بعد فیصلہ محفوظ کرلیا اور متعلقہ حکام کو آئندہ سماعت پر رپورٹ پیش کرنے کی ہدایت کی۔ وزیراعظم نے اجلاس کی صدارت کی جس میں ملکی صورتحال کا جائزہ لیا گیا اور اہم فیصلے کیے گئے۔ اسلام آباد (نمائندہ ایکسپریس) عدالت نے درخواست پر سماعت کے بعد فیصلہ محفوظ کرلیا اور متعلقہ حکام کو آئندہ سماعت پر رپورٹ پیش کرنے کی ہدایت کی۔ وزیراعظم نے اجلاس کی صدارت کی جس میں ملکی صورتحال کا جائزہ لیا گیا اور اہم فیصلے کیے گئے۔ اسلام آباد (نمائندہ ایکسپریس) عدالت نے درخواست پر سماعت کے بعد فیصلہ محفوظ کرلیا اور متعلقہ حکام کو آئندہ سماعت پر رپورٹ پیش کرنے کی ہدایت کی۔ وزیراعظم نے اجلاس کی صدارت کی جس میں ملکی صورتحال کا جائزہ لیا گیا اور اہم فیصلے کیے گئے۔ اسلام آباد (نمائندہ ایکسپریس) عدالت نے درخواست پر سماعت کے بعد فیصلہ محفوظ کرلیا اور متعلقہ حکام کو آئندہ سماعت پر رپورٹ پیش کرنے کی ہدایت کی۔ وزیراعظم نے اجلاس کی صدارت کی جس میں ملکی صورتحال کا جائزہ لیا گیا اور اہم فیصلے کیے گئے۔ اسلام آباد (نمائندہ ایکسپریس) عدالت نے درخواست پر سماعت کے بعد فیصلہ محفوظ کرلیا اور متعلقہ حکام کو آئندہ سماعت پر رپورٹ پیش کرنے کی ہدایت کی۔ وزیراعظم نے اجلاس کی صدارت کی جس میں ملکی صورتحال کا جائزہ لیا گیا اور اہم فیصلے کیے گئے۔ اسلام آباد (نمائندہ ایکسپریس) عدالت نے درخواست پر سماعت کے بعد فیصلہ محفوظ کرلیا اور متعلقہ حکام کو آئندہ سماعت پر رپورٹ پیش کرنے کی ہدایت کی۔ وزیراعظم نے اجلاس کی صدارت کی جس میں ملکی صورتحال کا جائزہ لیا گیا اور اہم فیصلے کیے گئے۔ اسلام آباد (نمائندہ ایکسپریس) عدالت نے درخواست پر سماعت کے بعد فیصلہ محفوظ کرلیا اور متعلقہ حکام کو آئندہ سماعت پر رپورٹ پیش کرنے کی ہدایت کی۔ وزیراعظم نے اجلاس کی صدارت کی جس میں ملکی صورتحال کا جائزہ لیا گیا اور اہم فیصلے کیے گئے۔

مسترد
18

اسلام آباد (نمائندہ ایکسپریس) عدالت نے درخواست پر سماعت کے بعد فیصلہ محفوظ کرلیا اور متعلقہ حکام کو آئندہ سماعت پر رپورٹ پیش کرنے کی ہدایت کی۔ وزیراعظم نے اجلاس کی صدارت کی جس میں ملکی صورتحال کا جائزہ لیا گیا اور اہم فیصلے کیے گئے۔ اسلام آباد (نمائندہ ایکسپریس) عدالت نے درخواست پر سماعت کے بعد فیصلہ محفوظ کرلیا اور متعلقہ حکام کو آئندہ سماعت پر رپورٹ پیش کرنے کی ہدایت کی۔ وزیراعظم نے اجلاس کی صدارت کی جس میں ملکی صورتحال کا جائزہ لیا گیا اور اہم فیصلے کیے گئے۔ اسلام آباد (نمائندہ ایکسپریس) عدالت نے درخواست پر سماعت کے بعد فیصلہ محفوظ کرلیا اور متعلقہ حکام کو آئندہ سماعت پر رپورٹ پیش کرنے کی ہدایت کی۔ وزیراعظم نے اجلاس کی صدارت کی جس میں ملکی صورتحال کا جائزہ لیا گیا اور اہم فیصلے کیے گئے۔ اسلام آباد (نمائندہ ایکسپریس) عدالت نے درخواست پر سماعت کے بعد فیصلہ محفوظ کرلیا اور متعلقہ حکام کو آئندہ سماعت پر رپورٹ پیش کرنے کی ہدایت کی۔ وزیراعظم نے اجلاس کی صدارت کی جس میں ملکی صورتحال کا جائزہ لیا گیا اور اہم فیصلے کیے گئے۔ اسلام آباد (نمائندہ ایکسپریس) عدالت نے درخواست پر سماعت کے بعد فیصلہ محفوظ کرلیا اور متعلقہ حکام کو آئندہ سماعت پر رپورٹ پیش کرنے کی ہدایت کی۔ وزیراعظم نے اجلاس کی صدارت کی جس میں ملکی صورتحال کا جائزہ لیا گیا اور اہم فیصلے کیے گئے۔ اسلام آباد (نمائندہ ایکسپریس) عدالت نے درخواست پر سماعت کے بعد فیصلہ محفوظ کرلیا اور متعلقہ حکام کو آئندہ سماعت پر رپورٹ پیش کرنے کی ہدایت کی۔ وزیراعظم نے اجلاس کی صدارت کی جس میں ملکی صورتحال کا جائزہ لیا گیا اور اہم فیصلے کیے گئے۔ اسلام آباد (نمائندہ ایکسپریس) عدالت نے درخواست پر سماعت کے بعد فیصلہ محفوظ کرلیا اور متعلقہ حکام کو آئندہ سماعت پر رپورٹ پیش کرنے کی ہدایت کی۔ وزیراعظم نے اجلاس کی صدارت کی جس میں ملکی صورتحال کا جائزہ لیا گیا اور اہم فیصلے کیے گئے۔

آزاد
19

اسلام آباد (نمائندہ ایکسپریس) عدالت نے درخواست پر سماعت کے بعد فیصلہ محفوظ کرلیا اور متعلقہ حکام کو آئندہ سماعت پر رپورٹ پیش کرنے کی ہدایت کی۔ وزیراعظم نے اجلاس کی صدارت کی جس میں ملکی صورتحال کا جائزہ لیا گیا اور اہم فیصلے کیے گئے۔ اسلام آباد (نمائندہ ایکسپریس) عدالت نے درخواست پر سماعت کے بعد فیصلہ محفوظ کرلیا اور متعلقہ حکام کو آئندہ سماعت پر رپورٹ پیش کرنے کی ہدایت کی۔ وزیراعظم نے اجلاس کی صدارت کی جس میں ملکی صورتحال کا جائزہ لیا گیا اور اہم فیصلے کیے گئے۔ اسلام آباد (نمائندہ ایکسپریس) عدالت نے درخواست پر سماعت کے بعد فیصلہ محفوظ کرلیا اور متعلقہ حکام کو آئندہ سماعت پر رپورٹ پیش کرنے کی ہدایت کی۔ وزیراعظم نے اجلاس کی صدارت کی جس میں ملکی صورتحال کا جائزہ لیا گیا اور اہم فیصلے کیے گئے۔ اسلام آباد (نمائندہ ایکسپریس) عدالت نے درخواست پر سماعت کے بعد فیصلہ محفوظ کرلیا اور متعلقہ حکام کو آئندہ سماعت پر رپورٹ پیش کرنے کی ہدایت کی۔ وزیراعظم نے اجلاس کی صدارت کی جس میں ملکی صورتحال کا جائزہ لیا گیا اور اہم فیصلے کیے گئے۔ اسلام آباد (نمائندہ ایکسپریس) عدالت نے درخواست پر سماعت کے بعد فیصلہ محفوظ کرلیا اور متعلقہ حکام کو آئندہ سماعت پر رپورٹ پیش کرنے کی ہدایت کی۔ وزیراعظم نے اجلاس کی صدارت کی جس میں ملکی صورتحال کا جائزہ لیا گیا اور اہم فیصلے کیے گئے۔ اسلام آباد (نمائندہ ایکسپریس) عدالت نے درخواست پر سماعت کے بعد فیصلہ محفوظ کرلیا اور متعلقہ حکام کو آئندہ سماعت پر رپورٹ پیش کرنے کی ہدایت کی۔ وزیراعظم نے اجلاس کی صدارت کی جس میں ملکی صورتحال کا جائزہ لیا گیا اور اہم فیصلے کیے گئے۔ اسلام آباد (نمائندہ ایکسپریس) عدالت نے درخواست پر سماعت کے بعد فیصلہ محفوظ کرلیا اور متعلقہ حکام کو آئندہ سماعت پر رپورٹ پیش کرنے کی ہدایت کی۔ وزیراعظم نے اجلاس کی صدارت کی جس میں ملکی صورتحال کا جائزہ لیا گیا اور اہم فیصلے کیے گئے۔

سستا
20

اسلام آباد (نمائندہ ایکسپریس) عدالت نے درخواست پر سماعت کے بعد فیصلہ محفوظ کرلیا اور متعلقہ حکام کو آئندہ سماعت پر رپورٹ پیش کرنے کی ہدایت کی۔ وزیراعظم نے اجلاس کی صدارت کی جس میں ملکی صورتحال کا جائزہ لیا گیا اور اہم فیصلے کیے گئے۔ اسلام آباد (نمائندہ ایکسپریس) عدالت نے درخواست پر سماعت کے بعد فیصلہ محفوظ کرلیا اور متعلقہ حکام کو آئندہ سماعت پر رپورٹ پیش کرنے کی ہدایت کی۔ وزیراعظم نے اجلاس کی صدارت کی جس میں ملکی صورتحال کا جائزہ لیا گیا اور اہم فیصلے کیے گئے۔ اسلام آباد (نمائندہ ایکسپریس) عدالت نے درخواست پر سماعت کے بعد فیصلہ محفوظ کرلیا اور متعلقہ حکام کو آئندہ سماعت پر رپورٹ پیش کرنے کی ہدایت کی۔ وزیراعظم نے اجلاس کی صدارت کی جس میں ملکی صورتحال کا جائزہ لیا گیا اور اہم فیصلے کیے گئے۔ اسلام آباد (نمائندہ ایکسپریس) عدالت نے درخواست پر سماعت کے بعد فیصلہ محفوظ کرلیا اور متعلقہ حکام کو آئندہ سماعت پر رپورٹ پیش کرنے کی ہدایت کی۔ وزیراعظم نے اجلاس کی صدارت کی جس میں ملکی صورتحال کا جائزہ لیا گیا اور اہم فیصلے کیے گئے۔ اسلام آباد (نمائندہ ایکسپریس) عدالت نے درخواست پر سماعت کے بعد فیصلہ محفوظ کرلیا اور متعلقہ حکام کو آئندہ سماعت پر رپورٹ پیش کرنے کی ہدایت کی۔ وزیراعظم نے اجلاس کی صدارت کی جس میں ملکی صورتحال کا جائزہ لیا گیا اور اہم فیصلے کیے گئے۔ اسلام آباد (نمائندہ ایکسپریس) عدالت نے درخواست پر سماعت کے بعد فیصلہ محفوظ کرلیا اور متعلقہ حکام کو آئندہ سماعت پر رپورٹ پیش کرنے کی ہدایت کی۔ وزیراعظم نے اجلاس کی صدارت کی جس میں ملکی صورتحال کا جائزہ لیا گیا اور اہم فیصلے کیے گئے۔ اسلام آباد (نمائندہ ایکسپریس) عدالت نے درخواست پر سماعت کے بعد فیصلہ محفوظ کرلیا اور متعلقہ حکام کو آئندہ سماعت پر رپورٹ پیش کرنے کی ہدایت کی۔ وزیراعظم نے اجلاس کی صدارت کی جس میں ملکی صورتحال کا جائزہ لیا گیا اور اہم فیصلے کیے گئے۔

اسلام آباد (نمائندہ ایکسپریس) عدالت نے درخواست پر سماعت کے بعد فیصلہ محفوظ کرلیا اور متعلقہ حکام کو آئندہ سماعت پر رپورٹ پیش کرنے کی ہدایت کی۔ وزیراعظم نے اجلاس کی صدارت کی جس میں ملکی صورتحال کا جائزہ لیا گیا اور اہم فیصلے کیے گئے۔ اسلام آباد (نمائندہ ایکسپریس) عدالت نے درخواست پر سماعت کے بعد فیصلہ محفوظ کرلیا اور متعلقہ حکام کو آئندہ سماعت پر رپورٹ پیش کرنے کی ہدایت کی۔ وزیراعظم نے اجلاس کی صدارت کی جس میں ملکی صورتحال کا جائزہ لیا گیا اور اہم فیصلے کیے گئے۔

تجارت
21

اسلام آباد (نمائندہ ایکسپریس) عدالت نے درخواست پر سماعت کے بعد فیصلہ محفوظ کرلیا اور متعلقہ حکام کو آئندہ سماعت پر رپورٹ پیش کرنے کی ہدایت کی۔ وزیراعظم نے اجلاس کی صدارت کی جس میں ملکی صورتحال کا جائزہ لیا گیا اور اہم فیصلے کیے گئے۔ اسلام آباد (نمائندہ ایکسپریس) عدالت نے درخواست پر سماعت کے بعد فیصلہ محفوظ کرلیا اور متعلقہ حکام کو آئندہ سماعت پر رپورٹ پیش کرنے کی ہدایت کی۔ وزیراعظم نے اجلاس کی صدارت کی جس میں ملکی صورتحال کا جائزہ لیا گیا اور اہم فیصلے کیے گئے۔ اسلام آباد (نمائندہ ایکسپریس) عدالت نے درخواست پر سماعت کے بعد فیصلہ محفوظ کرلیا اور متعلقہ حکام کو آئندہ سماعت پر رپورٹ پیش کرنے کی ہدایت کی۔ وزیراعظم نے اجلاس کی صدارت کی جس میں ملکی صورتحال کا جائزہ لیا گیا اور اہم فیصلے کیے گئے۔ اسلام آباد (نمائندہ ایکسپریس) عدالت نے درخواست پر سماعت کے بعد فیصلہ محفوظ کرلیا اور متعلقہ حکام کو آئندہ سماعت پر رپورٹ پیش کرنے کی ہدایت کی۔ وزیراعظم نے اجلاس کی صدارت کی جس میں ملکی صورتحال کا جائزہ لیا گیا اور اہم فیصلے کیے گئے۔ اسلام آباد (نمائندہ ایکسپریس) عدالت نے درخواست پر سماعت کے بعد فیصلہ محفوظ کرلیا اور متعلقہ حکام کو آئندہ سماعت پر رپورٹ پیش کرنے کی ہدایت کی۔ وزیراعظم نے اجلاس کی صدارت کی جس میں ملکی صورتحال کا جائزہ لیا گیا اور اہم فیصلے کیے گئے۔ اسلام آباد (نمائندہ ایکسپریس) عدالت نے درخواست پر سماعت کے بعد فیصلہ محفوظ کرلیا اور متعلقہ حکام کو آئندہ سماعت پر رپورٹ پیش کرنے کی ہدایت کی۔ وزیراعظم نے اجلاس کی صدارت کی جس میں ملکی صورتحال کا جائزہ لیا گیا اور اہم فیصلے کیے گئے۔ اسلام آباد (نمائندہ ایکسپریس) عدالت نے درخواست پر سماعت کے بعد فیصلہ محفوظ کرلیا اور متعلقہ حکام کو آئندہ سماعت پر رپورٹ پیش کرنے کی ہدایت کی۔ وزیراعظم نے اجلاس کی صدارت کی جس میں ملکی صورتحال کا جائزہ لیا گیا اور اہم فیصلے کیے گئے۔

شہباز شریف
22

اسلام آباد (نمائندہ ایکسپریس) عدالت نے درخواست پر سماعت کے بعد فیصلہ محفوظ کرلیا اور متعلقہ حکام کو آئندہ سماعت پر رپورٹ پیش کرنے کی ہدایت کی۔ وزیراعظم نے اجلاس کی صدارت کی جس میں ملکی صورتحال کا جائزہ لیا گیا اور اہم فیصلے کیے گئے۔ اسلام آباد (نمائندہ ایکسپریس) عدالت نے درخواست پر سماعت کے بعد فیصلہ محفوظ کرلیا اور متعلقہ حکام کو آئندہ سماعت پر رپورٹ پیش کرنے کی ہدایت کی۔ وزیراعظم نے اجلاس کی صدارت کی جس میں ملکی صورتحال کا جائزہ لیا گیا اور اہم فیصلے کیے گئے۔ اسلام آباد (نمائندہ ایکسپریس) عدالت نے درخواست پر سماعت کے بعد فیصلہ محفوظ کرلیا اور متعلقہ حکام کو آئندہ سماعت پر رپورٹ پیش کرنے کی ہدایت کی۔ وزیراعظم نے اجلاس کی صدارت کی جس میں ملکی صورتحال کا جائزہ لیا گیا اور اہم فیصلے کیے گئے۔ اسلام آباد (نمائندہ ایکسپریس) عدالت نے درخواست پر سماعت کے بعد فیصلہ محفوظ کرلیا اور متعلقہ حکام کو آئندہ سماعت پر رپورٹ پیش کرنے کی ہدایت کی۔ وزیراعظم نے اجلاس کی صدارت کی جس میں ملکی صورتحال کا جائزہ لیا گیا اور اہم فیصلے کیے گئے۔ اسلام آباد (نمائندہ ایکسپریس) عدالت نے درخواست پر سماعت کے بعد فیصلہ محفوظ کرلیا اور متعلقہ حکام کو آئندہ سماعت پر رپورٹ پیش کرنے کی ہدایت کی۔ وزیراعظم نے اجلاس کی صدارت کی جس میں ملکی صورتحال کا جائزہ لیا گیا اور اہم فیصلے کیے گئے۔ اسلام آباد (نمائندہ ایکسپریس) عدالت نے درخواست پر سماعت کے بعد فیصلہ محفوظ کرلیا اور متعلقہ حکام کو آئندہ سماعت پر رپورٹ پیش کرنے کی ہدایت کی۔ وزیراعظم نے اجلاس کی صدارت کی جس میں ملکی صورتحال کا جائزہ لیا گیا اور اہم فیصلے کیے گئے۔ اسلام آباد (نمائندہ ایکسپریس) عدالت نے درخواست پر سماعت کے بعد فیصلہ محفوظ کرلیا اور متعلقہ حکام کو آئندہ سماعت پر رپورٹ پیش کرنے کی ہدایت کی۔ وزیراعظم نے اجلاس کی صدارت کی جس میں ملکی صورتحال کا جائزہ لیا گیا اور اہم فیصلے کیے گئے۔

پرویز الٰہی گرفتاری
23

اسلام آباد (نمائندہ ایکسپریس) عدالت نے درخواست پر سماعت کے بعد فیصلہ محفوظ کرلیا اور متعلقہ حکام کو آئندہ سماعت پر رپورٹ پیش کرنے کی ہدایت کی۔ وزیراعظم نے اجلاس کی صدارت کی جس میں ملکی صورتحال کا جائزہ لیا گیا اور اہم فیصلے کیے گئے۔ اسلام آباد (نمائندہ ایکسپریس) عدالت نے درخواست پر سماعت کے بعد فیصلہ محفوظ کرلیا اور متعلقہ حکام کو آئندہ سماعت پر رپورٹ پیش کرنے کی ہدایت کی۔ وزیراعظم نے اجلاس کی صدارت کی جس میں ملکی صورتحال کا جائزہ لیا گیا اور اہم فیصلے کیے گئے۔ اسلام آباد (نمائندہ ایکسپریس) عدالت نے درخواست پر سماعت کے بعد فیصلہ محفوظ کرلیا اور متعلقہ حکام کو آئندہ سماعت پر رپورٹ پیش کرنے کی ہدایت کی۔ وزیراعظم نے اجلاس کی صدارت کی جس میں ملکی صورتحال کا جائزہ لیا گیا اور اہم فیصلے کیے گئے۔ اسلام آباد (نمائندہ ایکسپریس) عدالت نے درخواست پر سماعت کے بعد فیصلہ محفوظ کرلیا اور متعلقہ حکام کو آئندہ سماعت پر رپورٹ پیش کرنے کی ہدایت کی۔ وزیراعظم نے اجلاس کی صدارت کی جس میں ملکی صورتحال کا جائزہ لیا گیا اور اہم فیصلے کیے گئے۔ اسلام آباد (نمائندہ ایکسپریس) عدالت نے درخواست پر سماعت کے بعد فیصلہ محفوظ کرلیا اور متعلقہ حکام کو آئندہ سماعت پر رپورٹ پیش کرنے کی ہدایت کی۔ وزیراعظم نے اجلاس کی صدارت کی جس میں ملکی صورتحال کا جائزہ لیا گیا اور اہم فیصلے کیے گئے۔ اسلام آباد (نمائندہ ایکسپریس) عدالت نے درخواست پر سماعت کے بعد فیصلہ محفوظ کرلیا اور متعلقہ حکام کو آئندہ سماعت پر رپورٹ پیش کرنے کی ہدایت کی۔ وزیراعظم نے اجلاس کی صدارت کی جس میں ملکی صورتحال کا جائزہ لیا گیا اور اہم فیصلے کیے گئے۔ اسلام آباد (نمائندہ ایکسپریس) عدالت نے درخواست پر سماعت کے بعد فیصلہ محفوظ کرلیا اور متعلقہ حکام کو آئندہ سماعت پر رپورٹ پیش کرنے کی ہدایت کی۔ وزیراعظم نے اجلاس کی صدارت کی جس میں ملکی صورتحال کا جائزہ لیا گیا اور اہم فیصلے کیے گئے۔

چیلنج
24

اسلام آباد (نمائندہ ایکسپریس) عدالت نے درخواست پر سماعت کے بعد فیصلہ محفوظ کرلیا اور متعلقہ حکام کو آئندہ سماعت پر رپورٹ پیش کرنے کی ہدایت کی۔ وزیراعظم نے اجلاس کی صدارت کی جس میں ملکی صورتحال کا جائزہ لیا گیا اور اہم فیصلے کیے گئے۔ اسلام آباد (نمائندہ ایکسپریس) عدالت نے درخواست پر سماعت کے بعد فیصلہ محفوظ کرلیا اور متعلقہ حکام کو آئندہ سماعت پر رپورٹ پیش کرنے کی ہدایت کی۔ وزیراعظم نے اجلاس کی صدارت کی جس میں ملکی صورتحال کا جائزہ لیا گیا اور اہم فیصلے کیے گئے۔ اسلام آباد (نمائندہ ایکسپریس) عدالت نے درخواست پر سماعت کے بعد فیصلہ محفوظ کرلیا اور متعلقہ حکام کو آئندہ سماعت پر رپورٹ پیش کرنے کی ہدایت کی۔ وزیراعظم نے اجلاس کی صدارت کی جس میں ملکی صورتحال کا جائزہ لیا گیا اور اہم فیصلے کیے گئے۔ اسلام آباد (نمائندہ ایکسپریس) عدالت نے درخواست پر سماعت کے بعد فیصلہ محفوظ کرلیا اور متعلقہ حکام کو آئندہ سماعت پر رپورٹ پیش کرنے کی ہدایت کی۔ وزیراعظم نے اجلاس کی صدارت کی جس میں ملکی صورتحال کا جائزہ لیا گیا اور اہم فیصلے کیے گئے۔ اسلام آباد (نمائندہ ایکسپریس) عدالت نے درخواست پر سماعت کے بعد فیصلہ محفوظ کرلیا اور متعلقہ حکام کو آئندہ سماعت پر رپورٹ پیش کرنے کی ہدایت کی۔ وزیراعظم نے اجلاس کی صدارت کی جس میں ملکی صورتحال کا جائزہ لیا گیا اور اہم فیصلے کیے گئے۔ اسلام آباد (نمائندہ ایکسپریس) عدالت نے درخواست پر سماعت کے بعد فیصلہ محفوظ کرلیا اور متعلقہ حکام کو آئندہ سماعت پر رپورٹ پیش کرنے کی ہدایت کی۔ وزیراعظم نے اجلاس کی صدارت کی جس میں ملکی صورتحال کا جائزہ لیا گیا اور اہم فیصلے کیے گئے۔ اسلام آباد (نمائندہ ایکسپریس) عدالت نے درخواست پر سماعت کے بعد فیصلہ محفوظ کرلیا اور متعلقہ حکام کو آئندہ سماعت پر رپورٹ پیش کرنے کی ہدایت کی۔ وزیراعظم نے اجلاس کی صدارت کی جس میں ملکی صورتحال کا جائزہ لیا گیا اور اہم فیصلے کیے گئے۔

جیف جسٹس
25

اسلام آباد (نمائندہ ایکسپریس) عدالت نے درخواست پر سماعت کے بعد فیصلہ محفوظ کرلیا اور متعلقہ حکام کو آئندہ سماعت پر رپورٹ پیش کرنے کی ہدایت کی۔ وزیراعظم نے اجلاس کی صدارت کی جس میں ملکی صورتحال کا جائزہ لیا گیا اور اہم فیصلے کیے گئے۔ اسلام آباد (نمائندہ ایکسپریس) عدالت نے درخواست پر سماعت کے بعد فیصلہ محفوظ کرلیا اور متعلقہ حکام کو آئندہ سماعت پر رپورٹ پیش کرنے کی ہدایت کی۔ وزیراعظم نے اجلاس کی صدارت کی جس میں ملکی صورتحال کا جائزہ لیا گیا اور اہم فیصلے کیے گئے۔ اسلام آباد (نمائندہ ایکسپریس) عدالت نے درخواست پر سماعت کے بعد فیصلہ محفوظ کرلیا اور متعلقہ حکام کو آئندہ سماعت پر رپورٹ پیش کرنے کی ہدایت کی۔ وزیراعظم نے اجلاس کی صدارت کی جس میں ملکی صورتحال کا جائزہ لیا گیا اور اہم فیصلے کیے گئے۔ اسلام آباد (نمائندہ ایکسپریس) عدالت نے درخواست پر سماعت کے بعد فیصلہ محفوظ کرلیا اور متعلقہ حکام کو آئندہ سماعت پر رپورٹ پیش کرنے کی ہدایت کی۔ وزیراعظم نے اجلاس کی صدارت کی جس میں ملکی صورتحال کا جائزہ لیا گیا اور اہم فیصلے کیے گئے۔ اسلام آباد (نمائندہ ایکسپریس) عدالت نے درخواست پر سماعت کے بعد فیصلہ محفوظ کرلیا اور متعلقہ حکام کو آئندہ سماعت پر رپورٹ پیش کرنے کی ہدایت کی۔ وزیراعظم نے اجلاس کی صدارت کی جس میں ملکی صورتحال کا جائزہ لیا گیا اور اہم فیصلے کیے گئے۔ اسلام آباد (نمائندہ ایکسپریس) عدالت نے درخواست پر سماعت کے بعد فیصلہ محفوظ کرلیا اور متعلقہ حکام کو آئندہ سماعت پر رپورٹ پیش کرنے کی ہدایت کی۔ وزیراعظم نے اجلاس کی صدارت کی جس میں ملکی صورتحال کا جائزہ لیا گیا اور اہم فیصلے کیے گئے۔ اسلام آباد (نمائندہ ایکسپریس) عدالت نے درخواست پر سماعت کے بعد فیصلہ محفوظ کرلیا اور متعلقہ حکام کو آئندہ سماعت پر رپورٹ پیش کرنے کی ہدایت کی۔ وزیراعظم نے اجلاس کی صدارت کی جس میں ملکی صورتحال کا جائزہ لیا گیا اور اہم فیصلے کیے گئے۔

اسلام آباد (نمائندہ ایکسپریس) عدالت نے درخواست پر سماعت کے بعد فیصلہ محفوظ کرلیا اور متعلقہ حکام کو آئندہ سماعت پر رپورٹ پیش کرنے کی ہدایت کی۔ وزیراعظم نے اجلاس کی صدارت کی جس میں ملکی صورتحال کا جائزہ لیا گیا اور اہم فیصلے کیے گئے۔ اسلام آباد (نمائندہ ایکسپریس) عدالت نے درخواست پر سماعت کے بعد فیصلہ محفوظ کرلیا اور متعلقہ حکام کو آئندہ سماعت پر رپورٹ پیش کرنے کی ہدایت کی۔ وزیراعظم نے اجلاس کی صدارت کی جس میں ملکی صورتحال کا جائزہ لیا گیا اور اہم فیصلے کیے گئے۔

شواہد
26

اسلام آباد (نمائندہ ایکسپریس) عدالت نے درخواست پر سماعت کے بعد فیصلہ محفوظ کرلیا اور متعلقہ حکام کو آئندہ سماعت پر رپورٹ پیش کرنے کی ہدایت کی۔ وزیراعظم نے اجلاس کی صدارت کی جس میں ملکی صورتحال کا جائزہ لیا گیا اور اہم فیصلے کیے گئے۔ اسلام آباد (نمائندہ ایکسپریس) عدالت نے درخواست پر سماعت کے بعد فیصلہ محفوظ کرلیا اور متعلقہ حکام کو آئندہ سماعت پر رپورٹ پیش کرنے کی ہدایت کی۔ وزیراعظم نے اجلاس کی صدارت کی جس میں ملکی صورتحال کا جائزہ لیا گیا اور اہم فیصلے کیے گئے۔ اسلام آباد (نمائندہ ایکسپریس) عدالت نے درخواست پر سماعت کے بعد فیصلہ محفوظ کرلیا اور متعلقہ حکام کو آئندہ سماعت پر رپورٹ پیش کرنے کی ہدایت کی۔ وزیراعظم نے اجلاس کی صدارت کی جس میں ملکی صورتحال کا جائزہ لیا گیا اور اہم فیصلے کیے گئے۔ اسلام آباد (نمائندہ ایکسپریس) عدالت نے درخواست پر سماعت کے بعد فیصلہ محفوظ کرلیا اور متعلقہ حکام کو آئندہ سماعت پر رپورٹ پیش کرنے کی ہدایت کی۔ وزیراعظم نے اجلاس کی صدارت کی جس میں ملکی صورتحال کا جائزہ لیا گیا اور اہم فیصلے کیے گئے۔ اسلام آباد (نمائندہ ایکسپریس) عدالت نے درخواست پر سماعت کے بعد فیصلہ محفوظ کرلیا اور متعلقہ حکام کو آئندہ سماعت پر رپورٹ پیش کرنے کی ہدایت کی۔ وزیراعظم نے اجلاس کی صدارت کی جس میں ملکی صورتحال کا جائزہ لیا گیا اور اہم فیصلے کیے گئے۔ اسلام آباد (نمائندہ ایکسپریس) عدالت نے درخواست پر سماعت کے بعد فیصلہ محفوظ کرلیا اور متعلقہ حکام کو آئندہ سماعت پر رپورٹ پیش کرنے کی ہدایت کی۔ وزیراعظم نے اجلاس کی صدارت کی جس میں ملکی صورتحال کا جائزہ لیا گیا اور اہم فیصلے کیے گئے۔ اسلام آباد (نمائندہ ایکسپریس) عدالت نے درخواست پر سماعت کے بعد فیصلہ محفوظ کرلیا اور متعلقہ حکام کو آئندہ سماعت پر رپورٹ پیش کرنے کی ہدایت کی۔ وزیراعظم نے اجلاس کی صدارت کی جس میں ملکی صورتحال کا جائزہ لیا گیا اور اہم فیصلے کیے گئے۔

حسن نقوی
27

اسلام آباد (نمائندہ ایکسپریس) عدالت نے درخواست پر سماعت کے بعد فیصلہ محفوظ کرلیا اور متعلقہ حکام کو آئندہ سماعت پر رپورٹ پیش کرنے کی ہدایت کی۔ وزیراعظم نے اجلاس کی صدارت کی جس میں ملکی صورتحال کا جائزہ لیا گیا اور اہم فیصلے کیے گئے۔ اسلام آباد (نمائندہ ایکسپریس) عدالت نے درخواست پر سماعت کے بعد فیصلہ محفوظ کرلیا اور متعلقہ حکام کو آئندہ سماعت پر رپورٹ پیش کرنے کی ہدایت کی۔ وزیراعظم نے اجلاس کی صدارت کی جس میں ملکی صورتحال کا جائزہ لیا گیا اور اہم فیصلے کیے گئے۔ اسلام آباد (نمائندہ ایکسپریس) عدالت نے درخواست پر سماعت کے بعد فیصلہ محفوظ کرلیا اور متعلقہ حکام کو آئندہ سماعت پر رپورٹ پیش کرنے کی ہدایت کی۔ وزیراعظم نے اجلاس کی صدارت کی جس میں ملکی صورتحال کا جائزہ لیا گیا اور اہم فیصلے کیے گئے۔ اسلام آباد (نمائندہ ایکسپریس) عدالت نے درخواست پر سماعت کے بعد فیصلہ محفوظ کرلیا اور متعلقہ حکام کو آئندہ سماعت پر رپورٹ پیش کرنے کی ہدایت کی۔ وزیراعظم نے اجلاس کی صدارت کی جس میں ملکی صورتحال کا جائزہ لیا گیا اور اہم فیصلے کیے گئے۔ اسلام آباد (نمائندہ ایکسپریس) عدالت نے درخواست پر سماعت کے بعد فیصلہ محفوظ کرلیا اور متعلقہ حکام کو آئندہ سماعت پر رپورٹ پیش کرنے کی ہدایت کی۔ وزیراعظم نے اجلاس کی صدارت کی جس میں ملکی صورتحال کا جائزہ لیا گیا اور اہم فیصلے کیے گئے۔ اسلام آباد (نمائندہ ایکسپریس) عدالت نے درخواست پر سماعت کے بعد فیصلہ محفوظ کرلیا اور متعلقہ حکام کو آئندہ سماعت پر رپورٹ پیش کرنے کی ہدایت کی۔ وزیراعظم نے اجلاس کی صدارت کی جس میں ملکی صورتحال کا جائزہ لیا گیا اور اہم فیصلے کیے گئے۔ اسلام آباد (نمائندہ ایکسپریس) عدالت نے درخواست پر سماعت کے بعد فیصلہ محفوظ کرلیا اور متعلقہ حکام کو آئندہ سماعت پر رپورٹ پیش کرنے کی ہدایت کی۔ وزیراعظم نے اجلاس کی صدارت کی جس میں ملکی صورتحال کا جائزہ لیا گیا اور اہم فیصلے کیے گئے۔

بزدار
28

اسلام آباد (نمائندہ ایکسپریس) عدالت نے درخواست پر سماعت کے بعد فیصلہ محفوظ کرلیا اور متعلقہ حکام کو آئندہ سماعت پر رپورٹ پیش کرنے کی ہدایت کی۔ وزیراعظم نے اجلاس کی صدارت کی جس میں ملکی صورتحال کا جائزہ لیا گیا اور اہم فیصلے کیے گئے۔ اسلام آباد (نمائندہ ایکسپریس) عدالت نے درخواست پر سماعت کے بعد فیصلہ محفوظ کرلیا اور متعلقہ حکام کو آئندہ سماعت پر رپورٹ پیش کرنے کی ہدایت کی۔ وزیراعظم نے اجلاس کی صدارت کی جس میں ملکی صورتحال کا جائزہ لیا گیا اور اہم فیصلے کیے گئے۔ اسلام آباد (نمائندہ ایکسپریس) عدالت نے درخواست پر سماعت کے بعد فیصلہ محفوظ کرلیا اور متعلقہ حکام کو آئندہ سماعت پر رپورٹ پیش کرنے کی ہدایت کی۔ وزیراعظم نے اجلاس کی صدارت کی جس میں ملکی صورتحال کا جائزہ لیا گیا اور اہم فیصلے کیے گئے۔ اسلام آباد (نمائندہ ایکسپریس) عدالت نے درخواست پر سماعت کے بعد فیصلہ محفوظ کرلیا اور متعلقہ حکام کو آئندہ سماعت پر رپورٹ پیش کرنے کی ہدایت کی۔ وزیراعظم نے اجلاس کی صدارت کی جس میں ملکی صورتحال کا جائزہ لیا گیا اور اہم فیصلے کیے گئے۔ اسلام آباد (نمائندہ ایکسپریس) عدالت نے درخواست پر سماعت کے بعد فیصلہ محفوظ کرلیا اور متعلقہ حکام کو آئندہ سماعت پر رپورٹ پیش کرنے کی ہدایت کی۔ وزیراعظم نے اجلاس کی صدارت کی جس میں ملکی صورتحال کا جائزہ لیا گیا اور اہم فیصلے کیے گئے۔ اسلام آباد (نمائندہ ایکسپریس) عدالت نے درخواست پر سماعت کے بعد فیصلہ محفوظ کرلیا اور متعلقہ حکام کو آئندہ سماعت پر رپورٹ پیش کرنے کی ہدایت کی۔ وزیراعظم نے اجلاس کی صدارت کی جس میں ملکی صورتحال کا جائزہ لیا گیا اور اہم فیصلے کیے گئے۔ اسلام آباد (نمائندہ ایکسپریس) عدالت نے درخواست پر سماعت کے بعد فیصلہ محفوظ کرلیا اور متعلقہ حکام کو آئندہ سماعت پر رپورٹ پیش کرنے کی ہدایت کی۔ وزیراعظم نے اجلاس کی صدارت کی جس میں ملکی صورتحال کا جائزہ لیا گیا اور اہم فیصلے کیے گئے۔

اسلام آباد (نمائندہ ایکسپریس) عدالت نے درخواست پر سماعت کے بعد فیصلہ محفوظ کرلیا اور متعلقہ حکام کو آئندہ سماعت پر رپورٹ پیش کرنے کی ہدایت کی۔ وزیراعظم نے اجلاس کی صدارت کی جس میں ملکی صورتحال کا جائزہ لیا گیا اور اہم فیصلے کیے گئے۔ اسلام آباد (نمائندہ ایکسپریس) عدالت نے درخواست پر سماعت کے بعد فیصلہ محفوظ کرلیا اور متعلقہ حکام کو آئندہ سماعت پر رپورٹ پیش کرنے کی ہدایت کی۔ وزیراعظم نے اجلاس کی صدارت کی جس میں ملکی صورتحال کا جائزہ لیا گیا اور اہم فیصلے کیے گئے۔

بجلی
29

اسلام آباد (نمائندہ ایکسپریس) عدالت نے درخواست پر سماعت کے بعد فیصلہ محفوظ کرلیا اور متعلقہ حکام کو آئندہ سماعت پر رپورٹ پیش کرنے کی ہدایت کی۔ وزیراعظم نے اجلاس کی صدارت کی جس میں ملکی صورتحال کا جائزہ لیا گیا اور اہم فیصلے کیے گئے۔ اسلام آباد (نمائندہ ایکسپریس) عدالت نے درخواست پر سماعت کے بعد فیصلہ محفوظ کرلیا اور متعلقہ حکام کو آئندہ سماعت پر رپورٹ پیش کرنے کی ہدایت کی۔ وزیراعظم نے اجلاس کی صدارت کی جس میں ملکی صورتحال کا جائزہ لیا گیا اور اہم فیصلے کیے گئے۔ اسلام آباد (نمائندہ ایکسپریس) عدالت نے درخواست پر سماعت کے بعد فیصلہ محفوظ کرلیا اور متعلقہ حکام کو آئندہ سماعت پر رپورٹ پیش کرنے کی ہدایت کی۔ وزیراعظم نے اجلاس کی صدارت کی جس میں ملکی صورتحال کا جائزہ لیا گیا اور اہم فیصلے کیے گئے۔ اسلام آباد (نمائندہ ایکسپریس) عدالت نے درخواست پر سماعت کے بعد فیصلہ محفوظ کرلیا اور متعلقہ حکام کو آئندہ سماعت پر رپورٹ پیش کرنے کی ہدایت کی۔ وزیراعظم نے اجلاس کی صدارت کی جس میں ملکی صورتحال کا جائزہ لیا گیا اور اہم فیصلے کیے گئے۔ اسلام آباد (نمائندہ ایکسپریس) عدالت نے درخواست پر سماعت کے بعد فیصلہ محفوظ کرلیا اور متعلقہ حکام کو آئندہ سماعت پر رپورٹ پیش کرنے کی ہدایت کی۔ وزیراعظم نے اجلاس کی صدارت کی جس میں ملکی صورتحال کا جائزہ لیا گیا اور اہم فیصلے کیے گئے۔ اسلام آباد (نمائندہ ایکسپریس) عدالت نے درخواست پر سماعت کے بعد فیصلہ محفوظ کرلیا اور متعلقہ حکام کو آئندہ سماعت پر رپورٹ پیش کرنے کی ہدایت کی۔ وزیراعظم نے اجلاس کی صدارت کی جس میں ملکی صورتحال کا جائزہ لیا گیا اور اہم فیصلے کیے گئے۔ اسلام آباد (نمائندہ ایکسپریس) عدالت نے درخواست پر سماعت کے بعد فیصلہ محفوظ کرلیا اور متعلقہ حکام کو آئندہ سماعت پر رپورٹ پیش کرنے کی ہدایت کی۔ وزیراعظم نے اجلاس کی صدارت کی جس میں ملکی صورتحال کا جائزہ لیا گیا اور اہم فیصلے کیے گئے۔

یوم تکریم
30

اسلام آباد (نمائندہ ایکسپریس) عدالت نے درخواست پر سماعت کے بعد فیصلہ محفوظ کرلیا اور متعلقہ حکام کو آئندہ سماعت پر رپورٹ پیش کرنے کی ہدایت کی۔ وزیراعظم نے اجلاس کی صدارت کی جس میں ملکی صورتحال کا جائزہ لیا گیا اور اہم فیصلے کیے گئے۔ اسلام آباد (نمائندہ ایکسپریس) عدالت نے درخواست پر سماعت کے بعد فیصلہ محفوظ کرلیا اور متعلقہ حکام کو آئندہ سماعت پر رپورٹ پیش کرنے کی ہدایت کی۔ وزیراعظم نے اجلاس کی صدارت کی جس میں ملکی صورتحال کا جائزہ لیا گیا اور اہم فیصلے کیے گئے۔ اسلام آباد (نمائندہ ایکسپریس) عدالت نے درخواست پر سماعت کے بعد فیصلہ محفوظ کرلیا اور متعلقہ حکام کو آئندہ سماعت پر رپورٹ پیش کرنے کی ہدایت کی۔ وزیراعظم نے اجلاس کی صدارت کی جس میں ملکی صورتحال کا جائزہ لیا گیا اور اہم فیصلے کیے گئے۔ اسلام آباد (نمائندہ ایکسپریس) عدالت نے درخواست پر سماعت کے بعد فیصلہ محفوظ کرلیا اور متعلقہ حکام کو آئندہ سماعت پر رپورٹ پیش کرنے کی ہدایت کی۔ وزیراعظم نے اجلاس کی صدارت کی جس میں ملکی صورتحال کا جائزہ لیا گیا اور اہم فیصلے کیے گئے۔ اسلام آباد (نمائندہ ایکسپریس) عدالت نے درخواست پر سماعت کے بعد فیصلہ محفوظ کرلیا اور متعلقہ حکام کو آئندہ سماعت پر رپورٹ پیش کرنے کی ہدایت کی۔ وزیراعظم نے اجلاس کی صدارت کی جس میں ملکی صورتحال کا جائزہ لیا گیا اور اہم فیصلے کیے گئے۔ اسلام آباد (نمائندہ ایکسپریس) عدالت نے درخواست پر سماعت کے بعد فیصلہ محفوظ کرلیا اور متعلقہ حکام کو آئندہ سماعت پر رپورٹ پیش کرنے کی ہدایت کی۔ وزیراعظم نے اجلاس کی صدارت کی جس میں ملکی صورتحال کا جائزہ لیا گیا اور اہم فیصلے کیے گئے۔ اسلام آباد (نمائندہ ایکسپریس) عدالت نے درخواست پر سماعت کے بعد فیصلہ محفوظ کرلیا اور متعلقہ حکام کو آئندہ سماعت پر رپورٹ پیش کرنے کی ہدایت کی۔ وزیراعظم نے اجلاس کی صدارت کی جس میں ملکی صورتحال کا جائزہ لیا گیا اور اہم فیصلے کیے گئے۔

نشاندہی
31

اسلام آباد (نمائندہ ایکسپریس) عدالت نے درخواست پر سماعت کے بعد فیصلہ محفوظ کرلیا اور متعلقہ حکام کو آئندہ سماعت پر رپورٹ پیش کرنے کی ہدایت کی۔ وزیراعظم نے اجلاس کی صدارت کی جس میں ملکی صورتحال کا جائزہ لیا گیا اور اہم فیصلے کیے گئے۔ اسلام آباد (نمائندہ ایکسپریس) عدالت نے درخواست پر سماعت کے بعد فیصلہ محفوظ کرلیا اور متعلقہ حکام کو آئندہ سماعت پر رپورٹ پیش کرنے کی ہدایت کی۔ وزیراعظم نے اجلاس کی صدارت کی جس میں ملکی صورتحال کا جائزہ لیا گیا اور اہم فیصلے کیے گئے۔ اسلام آباد (نمائندہ ایکسپریس) عدالت نے درخواست پر سماعت کے بعد فیصلہ محفوظ کرلیا اور متعلقہ حکام کو آئندہ سماعت پر رپورٹ پیش کرنے کی ہدایت کی۔ وزیراعظم نے اجلاس کی صدارت کی جس میں ملکی صورتحال کا جائزہ لیا گیا اور اہم فیصلے کیے گئے۔ اسلام آباد (نمائندہ ایکسپریس) عدالت نے درخواست پر سماعت کے بعد فیصلہ محفوظ کرلیا اور متعلقہ حکام کو آئندہ سماعت پر رپورٹ پیش کرنے کی ہدایت کی۔ وزیراعظم نے اجلاس کی صدارت کی جس میں ملکی صورتحال کا جائزہ لیا گیا اور اہم فیصلے کیے گئے۔ اسلام آباد (نمائندہ ایکسپریس) عدالت نے درخواست پر سماعت کے بعد فیصلہ محفوظ کرلیا اور متعلقہ حکام کو آئندہ سماعت پر رپورٹ پیش کرنے کی ہدایت کی۔ وزیراعظم نے اجلاس کی صدارت کی جس میں ملکی صورتحال کا جائزہ لیا گیا اور اہم فیصلے کیے گئے۔ اسلام آباد (نمائندہ ایکسپریس) عدالت نے درخواست پر سماعت کے بعد فیصلہ محفوظ کرلیا اور متعلقہ حکام کو آئندہ سماعت پر رپورٹ پیش کرنے کی ہدایت کی۔ وزیراعظم نے اجلاس کی صدارت کی جس میں ملکی صورتحال کا جائزہ لیا گیا اور اہم فیصلے کیے گئے۔ اسلام آباد (نمائندہ ایکسپریس) عدالت نے درخواست پر سماعت کے بعد فیصلہ محفوظ کرلیا اور متعلقہ حکام کو آئندہ سماعت پر رپورٹ پیش کرنے کی ہدایت کی۔ وزیراعظم نے اجلاس کی صدارت کی جس میں ملکی صورتحال کا جائزہ لیا گیا اور اہم فیصلے کیے گئے۔

مشعال ملک
32

اسلام آباد (نمائندہ ایکسپریس) عدالت نے درخواست پر سماعت کے بعد فیصلہ محفوظ کرلیا اور متعلقہ حکام کو آئندہ سماعت پر رپورٹ پیش کرنے کی ہدایت کی۔ وزیراعظم نے اجلاس کی صدارت کی جس میں ملکی صورتحال کا جائزہ لیا گیا اور اہم فیصلے کیے گئے۔ اسلام آباد (نمائندہ ایکسپریس) عدالت نے درخواست پر سماعت کے بعد فیصلہ محفوظ کرلیا اور متعلقہ حکام کو آئندہ سماعت پر رپورٹ پیش کرنے کی ہدایت کی۔ وزیراعظم نے اجلاس کی صدارت کی جس میں ملکی صورتحال کا جائزہ لیا گیا اور اہم فیصلے کیے گئے۔ اسلام آباد (نمائندہ ایکسپریس) عدالت نے درخواست پر سماعت کے بعد فیصلہ محفوظ کرلیا اور متعلقہ حکام کو آئندہ سماعت پر رپورٹ پیش کرنے کی ہدایت کی۔ وزیراعظم نے اجلاس کی صدارت کی جس میں ملکی صورتحال کا جائزہ لیا گیا اور اہم فیصلے کیے گئے۔ اسلام آباد (نمائندہ ایکسپریس) عدالت نے درخواست پر سماعت کے بعد فیصلہ محفوظ کرلیا اور متعلقہ حکام کو آئندہ سماعت پر رپورٹ پیش کرنے کی ہدایت کی۔ وزیراعظم نے اجلاس کی صدارت کی جس میں ملکی صورتحال کا جائزہ لیا گیا اور اہم فیصلے کیے گئے۔ اسلام آباد (نمائندہ ایکسپریس) عدالت نے درخواست پر سماعت کے بعد فیصلہ محفوظ کرلیا اور متعلقہ حکام کو آئندہ سماعت پر رپورٹ پیش کرنے کی ہدایت کی۔ وزیراعظم نے اجلاس کی صدارت کی جس میں ملکی صورتحال کا جائزہ لیا گیا اور اہم فیصلے کیے گئے۔ اسلام آباد (نمائندہ ایکسپریس) عدالت نے درخواست پر سماعت کے بعد فیصلہ محفوظ کرلیا اور متعلقہ حکام کو آئندہ سماعت پر رپورٹ پیش کرنے کی ہدایت کی۔ وزیراعظم نے اجلاس کی صدارت کی جس میں ملکی صورتحال کا جائزہ لیا گیا اور اہم فیصلے کیے گئے۔ اسلام آباد (نمائندہ ایکسپریس) عدالت نے درخواست پر سماعت کے بعد فیصلہ محفوظ کرلیا اور متعلقہ حکام کو آئندہ سماعت پر رپورٹ پیش کرنے کی ہدایت کی۔ وزیراعظم نے اجلاس کی صدارت کی جس میں ملکی صورتحال کا جائزہ لیا گیا اور اہم فیصلے کیے گئے۔

سگریٹ
33

اسلام آباد (نمائندہ ایکسپریس) عدالت نے درخواست پر سماعت کے بعد فیصلہ محفوظ کرلیا اور متعلقہ حکام کو آئندہ سماعت پر رپورٹ پیش کرنے کی ہدایت کی۔ وزیراعظم نے اجلاس کی صدارت کی جس میں ملکی صورتحال کا جائزہ لیا گیا اور اہم فیصلے کیے گئے۔ اسلام آباد (نمائندہ ایکسپریس) عدالت نے درخواست پر سماعت کے بعد فیصلہ محفوظ کرلیا اور متعلقہ حکام کو آئندہ سماعت پر رپورٹ پیش کرنے کی ہدایت کی۔ وزیراعظم نے اجلاس کی صدارت کی جس میں ملکی صورتحال کا جائزہ لیا گیا اور اہم فیصلے کیے گئے۔ اسلام آباد (نمائندہ ایکسپریس) عدالت نے درخواست پر سماعت کے بعد فیصلہ محفوظ کرلیا اور متعلقہ حکام کو آئندہ سماعت پر رپورٹ پیش کرنے کی ہدایت کی۔ وزیراعظم نے اجلاس کی صدارت کی جس میں ملکی صورتحال کا جائزہ لیا گیا اور اہم فیصلے کیے گئے۔ اسلام آباد (نمائندہ ایکسپریس) عدالت نے درخواست پر سماعت کے بعد فیصلہ محفوظ کرلیا اور متعلقہ حکام کو آئندہ سماعت پر رپورٹ پیش کرنے کی ہدایت کی۔ وزیراعظم نے اجلاس کی صدارت کی جس میں ملکی صورتحال کا جائزہ لیا گیا اور اہم فیصلے کیے گئے۔ اسلام آباد (نمائندہ ایکسپریس) عدالت نے درخواست پر سماعت کے بعد فیصلہ محفوظ کرلیا اور متعلقہ حکام کو آئندہ سماعت پر رپورٹ پیش کرنے کی ہدایت کی۔ وزیراعظم نے اجلاس کی صدارت کی جس میں ملکی صورتحال کا جائزہ لیا گیا اور اہم فیصلے کیے گئے۔ اسلام آباد (نمائندہ ایکسپریس) عدالت نے درخواست پر سماعت کے بعد فیصلہ محفوظ کرلیا اور متعلقہ حکام کو آئندہ سماعت پر رپورٹ پیش کرنے کی ہدایت کی۔ وزیراعظم نے اجلاس کی صدارت کی جس میں ملکی صورتحال کا جائزہ لیا گیا اور اہم فیصلے کیے گئے۔ اسلام آباد (نمائندہ ایکسپریس) عدالت نے درخواست پر سماعت کے بعد فیصلہ محفوظ کرلیا اور متعلقہ حکام کو آئندہ سماعت پر رپورٹ پیش کرنے کی ہدایت کی۔ وزیراعظم نے اجلاس کی صدارت کی جس میں ملکی صورتحال کا جائزہ لیا گیا اور اہم فیصلے کیے گئے۔

وزیر صحت
34

اسلام آباد (نمائندہ ایکسپریس) عدالت نے درخواست پر سماعت کے بعد فیصلہ محفوظ کرلیا اور متعلقہ حکام کو آئندہ سماعت پر رپورٹ پیش کرنے کی ہدایت کی۔ وزیراعظم نے اجلاس کی صدارت کی جس میں ملکی صورتحال کا جائزہ لیا گیا اور اہم فیصلے کیے گئے۔ اسلام آباد (نمائندہ ایکسپریس) عدالت نے درخواست پر سماعت کے بعد فیصلہ محفوظ کرلیا اور متعلقہ حکام کو آئندہ سماعت پر رپورٹ پیش کرنے کی ہدایت کی۔ وزیراعظم نے اجلاس کی صدارت کی جس میں ملکی صورتحال کا جائزہ لیا گیا اور اہم فیصلے کیے گئے۔ اسلام آباد (نمائندہ ایکسپریس) عدالت نے درخواست پر سماعت کے بعد فیصلہ محفوظ کرلیا اور متعلقہ حکام کو آئندہ سماعت پر رپورٹ پیش کرنے کی ہدایت کی۔ وزیراعظم نے اجلاس کی صدارت کی جس میں ملکی صورتحال کا جائزہ لیا گیا اور اہم فیصلے کیے گئے۔ اسلام آباد (نمائندہ ایکسپریس) عدالت نے درخواست پر سماعت کے بعد فیصلہ محفوظ کرلیا اور متعلقہ حکام کو آئندہ سماعت پر رپورٹ پیش کرنے کی ہدایت کی۔ وزیراعظم نے اجلاس کی صدارت کی جس میں ملکی صورتحال کا جائزہ لیا گیا اور اہم فیصلے کیے گئے۔ اسلام آباد (نمائندہ ایکسپریس) عدالت نے درخواست پر سماعت کے بعد فیصلہ محفوظ کرلیا اور متعلقہ حکام کو آئندہ سماعت پر رپورٹ پیش کرنے کی ہدایت کی۔ وزیراعظم نے اجلاس کی صدارت کی جس میں ملکی صورتحال کا جائزہ لیا گیا اور اہم فیصلے کیے گئے۔ اسلام آباد (نمائندہ ایکسپریس) عدالت نے درخواست پر سماعت کے بعد فیصلہ محفوظ کرلیا اور متعلقہ حکام کو آئندہ سماعت پر رپورٹ پیش کرنے کی ہدایت کی۔ وزیراعظم نے اجلاس کی صدارت کی جس میں ملکی صورتحال کا جائزہ لیا گیا اور اہم فیصلے کیے گئے۔ اسلام آباد (نمائندہ ایکسپریس) عدالت نے درخواست پر سماعت کے بعد فیصلہ محفوظ کرلیا اور متعلقہ حکام کو آئندہ سماعت پر رپورٹ پیش کرنے کی ہدایت کی۔ وزیراعظم نے اجلاس کی صدارت کی جس میں ملکی صورتحال کا جائزہ لیا گیا اور اہم فیصلے کیے گئے۔
